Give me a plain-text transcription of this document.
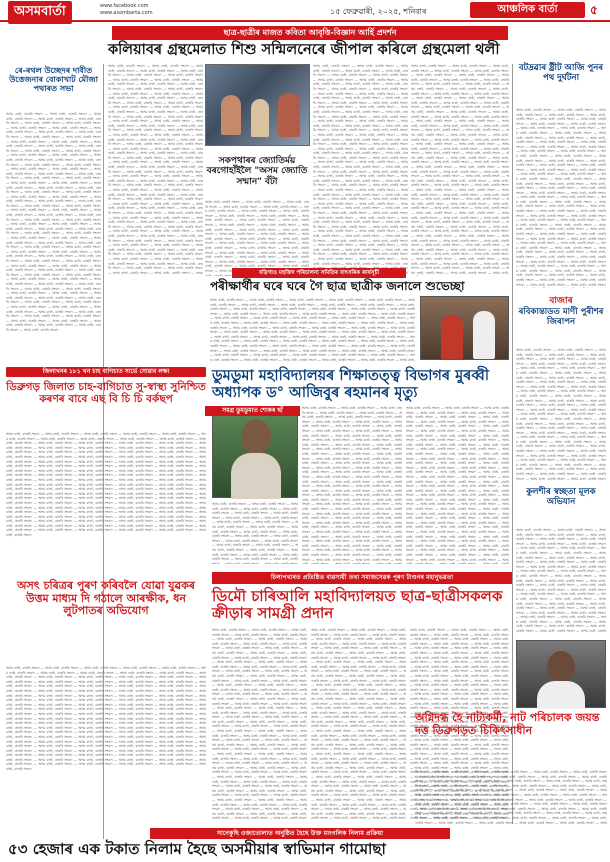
অসমবাৰ্তা	www.facebook.com
www.asombarta.com	১৫ ফেব্ৰুৱাৰী, ২০২৫, শনিবাৰ	আঞ্চলিক বাৰ্তা	৫
ৰে-ৰথল উচ্ছেদৰ দাবীত উত্তেজনাৰ বোকাখাট মৌজা পথাৰত সভা
অসম বাৰ্তা, বাতৰি সংবাদ — অসম বাৰ্তা, বাতৰি সংবাদ — অসম বাৰ্তা, বাতৰি সংবাদ — অসম বাৰ্তা, বাতৰি সংবাদ — অসম বাৰ্তা, বাতৰি সংবাদ — অসম বাৰ্তা, বাতৰি সংবাদ — অসম বাৰ্তা, বাতৰি সংবাদ — অসম বাৰ্তা, বাতৰি সংবাদ — অসম বাৰ্তা, বাতৰি সংবাদ — অসম বাৰ্তা, বাতৰি সংবাদ — অসম বাৰ্তা, বাতৰি সংবাদ — অসম বাৰ্তা, বাতৰি সংবাদ — অসম বাৰ্তা, বাতৰি সংবাদ — অসম বাৰ্তা, বাতৰি সংবাদ — অসম বাৰ্তা, বাতৰি সংবাদ — অসম বাৰ্তা, বাতৰি সংবাদ — অসম বাৰ্তা, বাতৰি সংবাদ — অসম বাৰ্তা, বাতৰি সংবাদ — অসম বাৰ্তা, বাতৰি সংবাদ — অসম বাৰ্তা, বাতৰি সংবাদ — অসম বাৰ্তা, বাতৰি সংবাদ — অসম বাৰ্তা, বাতৰি সংবাদ — অসম বাৰ্তা, বাতৰি সংবাদ — অসম বাৰ্তা, বাতৰি সংবাদ — অসম বাৰ্তা, বাতৰি সংবাদ — অসম বাৰ্তা, বাতৰি সংবাদ — অসম বাৰ্তা, বাতৰি সংবাদ — অসম বাৰ্তা, বাতৰি সংবাদ — অসম বাৰ্তা, বাতৰি সংবাদ — অসম বাৰ্তা, বাতৰি সংবাদ — অসম বাৰ্তা, বাতৰি সংবাদ — অসম বাৰ্তা, বাতৰি সংবাদ — অসম বাৰ্তা, বাতৰি সংবাদ — অসম বাৰ্তা, বাতৰি সংবাদ — অসম বাৰ্তা, বাতৰি সংবাদ — অসম বাৰ্তা, বাতৰি সংবাদ — অসম বাৰ্তা, বাতৰি সংবাদ — অসম বাৰ্তা, বাতৰি সংবাদ — অসম বাৰ্তা, বাতৰি সংবাদ — অসম বাৰ্তা, বাতৰি সংবাদ — অসম বাৰ্তা, বাতৰি সংবাদ — অসম বাৰ্তা, বাতৰি সংবাদ — অসম বাৰ্তা, বাতৰি সংবাদ — অসম বাৰ্তা, বাতৰি সংবাদ — অসম বাৰ্তা, বাতৰি সংবাদ — অসম বাৰ্তা, বাতৰি সংবাদ — অসম বাৰ্তা, বাতৰি সংবাদ — অসম বাৰ্তা, বাতৰি সংবাদ — অসম বাৰ্তা, বাতৰি সংবাদ — অসম বাৰ্তা, বাতৰি সংবাদ — অসম বাৰ্তা, বাতৰি সংবাদ — অসম বাৰ্তা, বাতৰি সংবাদ — অসম বাৰ্তা, বাতৰি সংবাদ — অসম বাৰ্তা, বাতৰি সংবাদ — অসম বাৰ্তা, বাতৰি সংবাদ — অসম বাৰ্তা, বাতৰি সংবাদ — অসম বাৰ্তা, বাতৰি সংবাদ — অসম বাৰ্তা, বাতৰি সংবাদ — অসম বাৰ্তা, বাতৰি সংবাদ — অসম বাৰ্তা, বাতৰি সংবাদ — অসম বাৰ্তা, বাতৰি সংবাদ — অসম বাৰ্তা, বাতৰি সংবাদ — অসম বাৰ্তা, বাতৰি সংবাদ — অসম বাৰ্তা, বাতৰি সংবাদ — অসম বাৰ্তা, বাতৰি সংবাদ — অসম বাৰ্তা, বাতৰি সংবাদ — অসম বাৰ্তা, বাতৰি সংবাদ — অসম বাৰ্তা, বাতৰি সংবাদ — অসম বাৰ্তা, বাতৰি সংবাদ — অসম বাৰ্তা, বাতৰি সংবাদ — অসম বাৰ্তা, বাতৰি সংবাদ — অসম বাৰ্তা, বাতৰি সংবাদ — অসম বাৰ্তা, বাতৰি সংবাদ — অসম বাৰ্তা, বাতৰি সংবাদ — অসম বাৰ্তা, বাতৰি সংবাদ — অসম বাৰ্তা, বাতৰি সংবাদ — অসম বাৰ্তা, বাতৰি সংবাদ — অসম বাৰ্তা, বাতৰি সংবাদ — অসম বাৰ্তা, বাতৰি সংবাদ — অসম বাৰ্তা, বাতৰি সংবাদ — অসম বাৰ্তা, বাতৰি সংবাদ — অসম বাৰ্তা, বাতৰি সংবাদ — অসম বাৰ্তা, বাতৰি সংবাদ — অসম বাৰ্তা, বাতৰি সংবাদ — অসম বাৰ্তা, বাতৰি সংবাদ — অসম বাৰ্তা, বাতৰি সংবাদ — অসম বাৰ্তা, বাতৰি সংবাদ — অসম বাৰ্তা, বাতৰি সংবাদ — অসম বাৰ্তা, বাতৰি সংবাদ — অসম বাৰ্তা, বাতৰি সংবাদ — অসম বাৰ্তা, বাতৰি সংবাদ — অসম বাৰ্তা, বাতৰি সংবাদ — অসম বাৰ্তা, বাতৰি সংবাদ — অসম বাৰ্তা, বাতৰি সংবাদ — অসম বাৰ্তা, বাতৰি সংবাদ — অসম বাৰ্তা, বাতৰি সংবাদ — অসম বাৰ্তা, বাতৰি সংবাদ — অসম বাৰ্তা, বাতৰি সংবাদ — অসম বাৰ্তা, বাতৰি সংবাদ — অসম বাৰ্তা, বাতৰি সংবাদ — অসম বাৰ্তা, বাতৰি সংবাদ — অসম বাৰ্তা, বাতৰি সংবাদ — অসম বাৰ্তা, বাতৰি সংবাদ — অসম বাৰ্তা, বাতৰি সংবাদ — অসম বাৰ্তা, বাতৰি সংবাদ — অসম বাৰ্তা, বাতৰি সংবাদ — অসম বাৰ্তা, বাতৰি সংবাদ — অসম বাৰ্তা, বাতৰি সংবাদ — অসম বাৰ্তা, বাতৰি সংবাদ — অসম বাৰ্তা, বাতৰি সংবাদ — অসম বাৰ্তা, বাতৰি সংবাদ
জিলাখনৰ ১৮১ খন চাহ বাগিচাত সাৰ্ভে সোৱাব লক্ষ্য
ডিব্ৰুগড় জিলাত চাহ-বাগিচাত সু-স্বাস্থ্য সুনিশ্চিত কৰণৰ বাবে এছ বি চি চি বৰ্কছপ
অসম বাৰ্তা, বাতৰি সংবাদ — অসম বাৰ্তা, বাতৰি সংবাদ — অসম বাৰ্তা, বাতৰি সংবাদ — অসম বাৰ্তা, বাতৰি সংবাদ — অসম বাৰ্তা, বাতৰি সংবাদ — অসম বাৰ্তা, বাতৰি সংবাদ — অসম বাৰ্তা, বাতৰি সংবাদ — অসম বাৰ্তা, বাতৰি সংবাদ — অসম বাৰ্তা, বাতৰি সংবাদ — অসম বাৰ্তা, বাতৰি সংবাদ — অসম বাৰ্তা, বাতৰি সংবাদ — অসম বাৰ্তা, বাতৰি সংবাদ — অসম বাৰ্তা, বাতৰি সংবাদ — অসম বাৰ্তা, বাতৰি সংবাদ — অসম বাৰ্তা, বাতৰি সংবাদ — অসম বাৰ্তা, বাতৰি সংবাদ — অসম বাৰ্তা, বাতৰি সংবাদ — অসম বাৰ্তা, বাতৰি সংবাদ — অসম বাৰ্তা, বাতৰি সংবাদ — অসম বাৰ্তা, বাতৰি সংবাদ — অসম বাৰ্তা, বাতৰি সংবাদ — অসম বাৰ্তা, বাতৰি সংবাদ — অসম বাৰ্তা, বাতৰি সংবাদ — অসম বাৰ্তা, বাতৰি সংবাদ — অসম বাৰ্তা, বাতৰি সংবাদ — অসম বাৰ্তা, বাতৰি সংবাদ — অসম বাৰ্তা, বাতৰি সংবাদ — অসম বাৰ্তা, বাতৰি সংবাদ — অসম বাৰ্তা, বাতৰি সংবাদ — অসম বাৰ্তা, বাতৰি সংবাদ — অসম বাৰ্তা, বাতৰি সংবাদ — অসম বাৰ্তা, বাতৰি সংবাদ — অসম বাৰ্তা, বাতৰি সংবাদ — অসম বাৰ্তা, বাতৰি সংবাদ — অসম বাৰ্তা, বাতৰি সংবাদ — অসম বাৰ্তা, বাতৰি সংবাদ — অসম বাৰ্তা, বাতৰি সংবাদ — অসম বাৰ্তা, বাতৰি সংবাদ — অসম বাৰ্তা, বাতৰি সংবাদ — অসম বাৰ্তা, বাতৰি সংবাদ — অসম বাৰ্তা, বাতৰি সংবাদ — অসম বাৰ্তা, বাতৰি সংবাদ — অসম বাৰ্তা, বাতৰি সংবাদ — অসম বাৰ্তা, বাতৰি সংবাদ — অসম বাৰ্তা, বাতৰি সংবাদ — অসম বাৰ্তা, বাতৰি সংবাদ — অসম বাৰ্তা, বাতৰি সংবাদ — অসম বাৰ্তা, বাতৰি সংবাদ — অসম বাৰ্তা, বাতৰি সংবাদ — অসম বাৰ্তা, বাতৰি সংবাদ — অসম বাৰ্তা, বাতৰি সংবাদ — অসম বাৰ্তা, বাতৰি সংবাদ — অসম বাৰ্তা, বাতৰি সংবাদ — অসম বাৰ্তা, বাতৰি সংবাদ — অসম বাৰ্তা, বাতৰি সংবাদ — অসম বাৰ্তা, বাতৰি সংবাদ — অসম বাৰ্তা, বাতৰি সংবাদ — অসম বাৰ্তা, বাতৰি সংবাদ — অসম বাৰ্তা, বাতৰি সংবাদ — অসম বাৰ্তা, বাতৰি সংবাদ — অসম বাৰ্তা, বাতৰি সংবাদ — অসম বাৰ্তা, বাতৰি সংবাদ — অসম বাৰ্তা, বাতৰি সংবাদ — অসম বাৰ্তা, বাতৰি সংবাদ — অসম বাৰ্তা, বাতৰি সংবাদ — অসম বাৰ্তা, বাতৰি সংবাদ — অসম বাৰ্তা, বাতৰি সংবাদ — অসম বাৰ্তা, বাতৰি সংবাদ — অসম বাৰ্তা, বাতৰি সংবাদ — অসম বাৰ্তা, বাতৰি সংবাদ — অসম বাৰ্তা, বাতৰি সংবাদ — অসম বাৰ্তা, বাতৰি সংবাদ — অসম বাৰ্তা, বাতৰি সংবাদ — অসম বাৰ্তা, বাতৰি সংবাদ — অসম বাৰ্তা, বাতৰি সংবাদ — অসম বাৰ্তা, বাতৰি সংবাদ — অসম বাৰ্তা, বাতৰি সংবাদ — অসম বাৰ্তা, বাতৰি সংবাদ — অসম বাৰ্তা, বাতৰি সংবাদ — অসম বাৰ্তা, বাতৰি সংবাদ — অসম বাৰ্তা, বাতৰি সংবাদ — অসম বাৰ্তা, বাতৰি সংবাদ — অসম বাৰ্তা, বাতৰি সংবাদ — অসম বাৰ্তা, বাতৰি সংবাদ — অসম বাৰ্তা, বাতৰি সংবাদ — অসম বাৰ্তা, বাতৰি সংবাদ — অসম বাৰ্তা, বাতৰি সংবাদ — অসম বাৰ্তা, বাতৰি সংবাদ — অসম বাৰ্তা, বাতৰি সংবাদ — অসম বাৰ্তা, বাতৰি সংবাদ — অসম বাৰ্তা, বাতৰি সংবাদ — অসম বাৰ্তা, বাতৰি সংবাদ — অসম বাৰ্তা, বাতৰি সংবাদ — অসম বাৰ্তা, বাতৰি সংবাদ — অসম বাৰ্তা, বাতৰি সংবাদ — অসম বাৰ্তা, বাতৰি সংবাদ — অসম বাৰ্তা, বাতৰি সংবাদ — অসম বাৰ্তা, বাতৰি সংবাদ — অসম বাৰ্তা, বাতৰি সংবাদ — অসম বাৰ্তা, বাতৰি সংবাদ — অসম বাৰ্তা, বাতৰি সংবাদ — অসম বাৰ্তা, বাতৰি সংবাদ — অসম বাৰ্তা, বাতৰি সংবাদ — অসম বাৰ্তা, বাতৰি সংবাদ — অসম বাৰ্তা, বাতৰি সংবাদ — অসম বাৰ্তা, বাতৰি সংবাদ — অসম বাৰ্তা, বাতৰি সংবাদ — অসম বাৰ্তা, বাতৰি সংবাদ — অসম বাৰ্তা, বাতৰি সংবাদ — অসম বাৰ্তা, বাতৰি সংবাদ — অসম বাৰ্তা, বাতৰি সংবাদ
অসৎ চৰিত্ৰৰ পুৰণ কৰিবলৈ যোৱা যুৱকৰ উত্তম মাধ্যম দি গঠালে আৰক্ষীক, ধন লুটপাতৰ অভিযোগ
অসম বাৰ্তা, বাতৰি সংবাদ — অসম বাৰ্তা, বাতৰি সংবাদ — অসম বাৰ্তা, বাতৰি সংবাদ — অসম বাৰ্তা, বাতৰি সংবাদ — অসম বাৰ্তা, বাতৰি সংবাদ — অসম বাৰ্তা, বাতৰি সংবাদ — অসম বাৰ্তা, বাতৰি সংবাদ — অসম বাৰ্তা, বাতৰি সংবাদ — অসম বাৰ্তা, বাতৰি সংবাদ — অসম বাৰ্তা, বাতৰি সংবাদ — অসম বাৰ্তা, বাতৰি সংবাদ — অসম বাৰ্তা, বাতৰি সংবাদ — অসম বাৰ্তা, বাতৰি সংবাদ — অসম বাৰ্তা, বাতৰি সংবাদ — অসম বাৰ্তা, বাতৰি সংবাদ — অসম বাৰ্তা, বাতৰি সংবাদ — অসম বাৰ্তা, বাতৰি সংবাদ — অসম বাৰ্তা, বাতৰি সংবাদ — অসম বাৰ্তা, বাতৰি সংবাদ — অসম বাৰ্তা, বাতৰি সংবাদ — অসম বাৰ্তা, বাতৰি সংবাদ — অসম বাৰ্তা, বাতৰি সংবাদ — অসম বাৰ্তা, বাতৰি সংবাদ — অসম বাৰ্তা, বাতৰি সংবাদ — অসম বাৰ্তা, বাতৰি সংবাদ — অসম বাৰ্তা, বাতৰি সংবাদ — অসম বাৰ্তা, বাতৰি সংবাদ — অসম বাৰ্তা, বাতৰি সংবাদ — অসম বাৰ্তা, বাতৰি সংবাদ — অসম বাৰ্তা, বাতৰি সংবাদ — অসম বাৰ্তা, বাতৰি সংবাদ — অসম বাৰ্তা, বাতৰি সংবাদ — অসম বাৰ্তা, বাতৰি সংবাদ — অসম বাৰ্তা, বাতৰি সংবাদ — অসম বাৰ্তা, বাতৰি সংবাদ — অসম বাৰ্তা, বাতৰি সংবাদ — অসম বাৰ্তা, বাতৰি সংবাদ — অসম বাৰ্তা, বাতৰি সংবাদ — অসম বাৰ্তা, বাতৰি সংবাদ — অসম বাৰ্তা, বাতৰি সংবাদ — অসম বাৰ্তা, বাতৰি সংবাদ — অসম বাৰ্তা, বাতৰি সংবাদ — অসম বাৰ্তা, বাতৰি সংবাদ — অসম বাৰ্তা, বাতৰি সংবাদ — অসম বাৰ্তা, বাতৰি সংবাদ — অসম বাৰ্তা, বাতৰি সংবাদ — অসম বাৰ্তা, বাতৰি সংবাদ — অসম বাৰ্তা, বাতৰি সংবাদ — অসম বাৰ্তা, বাতৰি সংবাদ — অসম বাৰ্তা, বাতৰি সংবাদ — অসম বাৰ্তা, বাতৰি সংবাদ — অসম বাৰ্তা, বাতৰি সংবাদ — অসম বাৰ্তা, বাতৰি সংবাদ — অসম বাৰ্তা, বাতৰি সংবাদ — অসম বাৰ্তা, বাতৰি সংবাদ — অসম বাৰ্তা, বাতৰি সংবাদ — অসম বাৰ্তা, বাতৰি সংবাদ — অসম বাৰ্তা, বাতৰি সংবাদ — অসম বাৰ্তা, বাতৰি সংবাদ — অসম বাৰ্তা, বাতৰি সংবাদ — অসম বাৰ্তা, বাতৰি সংবাদ — অসম বাৰ্তা, বাতৰি সংবাদ — অসম বাৰ্তা, বাতৰি সংবাদ — অসম বাৰ্তা, বাতৰি সংবাদ — অসম বাৰ্তা, বাতৰি সংবাদ — অসম বাৰ্তা, বাতৰি সংবাদ — অসম বাৰ্তা, বাতৰি সংবাদ — অসম বাৰ্তা, বাতৰি সংবাদ — অসম বাৰ্তা, বাতৰি সংবাদ — অসম বাৰ্তা, বাতৰি সংবাদ — অসম বাৰ্তা, বাতৰি সংবাদ — অসম বাৰ্তা, বাতৰি সংবাদ — অসম বাৰ্তা, বাতৰি সংবাদ — অসম বাৰ্তা, বাতৰি সংবাদ — অসম বাৰ্তা, বাতৰি সংবাদ — অসম বাৰ্তা, বাতৰি সংবাদ — অসম বাৰ্তা, বাতৰি সংবাদ — অসম বাৰ্তা, বাতৰি সংবাদ — অসম বাৰ্তা, বাতৰি সংবাদ — অসম বাৰ্তা, বাতৰি সংবাদ — অসম বাৰ্তা, বাতৰি সংবাদ — অসম বাৰ্তা, বাতৰি সংবাদ — অসম বাৰ্তা, বাতৰি সংবাদ — অসম বাৰ্তা, বাতৰি সংবাদ — অসম বাৰ্তা, বাতৰি সংবাদ — অসম বাৰ্তা, বাতৰি সংবাদ — অসম বাৰ্তা, বাতৰি সংবাদ — অসম বাৰ্তা, বাতৰি সংবাদ — অসম বাৰ্তা, বাতৰি সংবাদ — অসম বাৰ্তা, বাতৰি সংবাদ — অসম বাৰ্তা, বাতৰি সংবাদ — অসম বাৰ্তা, বাতৰি সংবাদ — অসম বাৰ্তা, বাতৰি সংবাদ — অসম বাৰ্তা, বাতৰি সংবাদ — অসম বাৰ্তা, বাতৰি সংবাদ — অসম বাৰ্তা, বাতৰি সংবাদ — অসম বাৰ্তা, বাতৰি সংবাদ — অসম বাৰ্তা, বাতৰি সংবাদ — অসম বাৰ্তা, বাতৰি সংবাদ — অসম বাৰ্তা, বাতৰি সংবাদ — অসম বাৰ্তা, বাতৰি সংবাদ — অসম বাৰ্তা, বাতৰি সংবাদ — অসম বাৰ্তা, বাতৰি সংবাদ — অসম বাৰ্তা, বাতৰি সংবাদ — অসম বাৰ্তা, বাতৰি সংবাদ — অসম বাৰ্তা, বাতৰি সংবাদ — অসম বাৰ্তা, বাতৰি সংবাদ — অসম বাৰ্তা, বাতৰি সংবাদ — অসম বাৰ্তা, বাতৰি সংবাদ — অসম বাৰ্তা, বাতৰি সংবাদ — অসম বাৰ্তা, বাতৰি সংবাদ
ছাত্ৰ-ছাত্ৰীৰ মাজত কবিতা আবৃত্তি-বিজ্ঞান আৰ্হি প্ৰদৰ্শন
কলিয়াবৰ গ্ৰন্থমেলাত শিশু সন্মিলনেৰে জীপাল কৰিলে গ্ৰন্থমেলা থলী
অসম বাৰ্তা, বাতৰি সংবাদ — অসম বাৰ্তা, বাতৰি সংবাদ — অসম বাৰ্তা, বাতৰি সংবাদ — অসম বাৰ্তা, বাতৰি সংবাদ — অসম বাৰ্তা, বাতৰি সংবাদ — অসম বাৰ্তা, বাতৰি সংবাদ — অসম বাৰ্তা, বাতৰি সংবাদ — অসম বাৰ্তা, বাতৰি সংবাদ — অসম বাৰ্তা, বাতৰি সংবাদ — অসম বাৰ্তা, বাতৰি সংবাদ — অসম বাৰ্তা, বাতৰি সংবাদ — অসম বাৰ্তা, বাতৰি সংবাদ — অসম বাৰ্তা, বাতৰি সংবাদ — অসম বাৰ্তা, বাতৰি সংবাদ — অসম বাৰ্তা, বাতৰি সংবাদ — অসম বাৰ্তা, বাতৰি সংবাদ — অসম বাৰ্তা, বাতৰি সংবাদ — অসম বাৰ্তা, বাতৰি সংবাদ — অসম বাৰ্তা, বাতৰি সংবাদ — অসম বাৰ্তা, বাতৰি সংবাদ — অসম বাৰ্তা, বাতৰি সংবাদ — অসম বাৰ্তা, বাতৰি সংবাদ — অসম বাৰ্তা, বাতৰি সংবাদ — অসম বাৰ্তা, বাতৰি সংবাদ — অসম বাৰ্তা, বাতৰি সংবাদ — অসম বাৰ্তা, বাতৰি সংবাদ — অসম বাৰ্তা, বাতৰি সংবাদ — অসম বাৰ্তা, বাতৰি সংবাদ — অসম বাৰ্তা, বাতৰি সংবাদ — অসম বাৰ্তা, বাতৰি সংবাদ — অসম বাৰ্তা, বাতৰি সংবাদ — অসম বাৰ্তা, বাতৰি সংবাদ — অসম বাৰ্তা, বাতৰি সংবাদ — অসম বাৰ্তা, বাতৰি সংবাদ — অসম বাৰ্তা, বাতৰি সংবাদ — অসম বাৰ্তা, বাতৰি সংবাদ — অসম বাৰ্তা, বাতৰি সংবাদ — অসম বাৰ্তা, বাতৰি সংবাদ — অসম বাৰ্তা, বাতৰি সংবাদ — অসম বাৰ্তা, বাতৰি সংবাদ — অসম বাৰ্তা, বাতৰি সংবাদ — অসম বাৰ্তা, বাতৰি সংবাদ — অসম বাৰ্তা, বাতৰি সংবাদ — অসম বাৰ্তা, বাতৰি সংবাদ — অসম বাৰ্তা, বাতৰি সংবাদ — অসম বাৰ্তা, বাতৰি সংবাদ — অসম বাৰ্তা, বাতৰি সংবাদ — অসম বাৰ্তা, বাতৰি সংবাদ — অসম বাৰ্তা, বাতৰি সংবাদ — অসম বাৰ্তা, বাতৰি সংবাদ — অসম বাৰ্তা, বাতৰি সংবাদ — অসম বাৰ্তা, বাতৰি সংবাদ — অসম বাৰ্তা, বাতৰি সংবাদ — অসম বাৰ্তা, বাতৰি সংবাদ — অসম বাৰ্তা, বাতৰি সংবাদ — অসম বাৰ্তা, বাতৰি সংবাদ — অসম বাৰ্তা, বাতৰি সংবাদ — অসম বাৰ্তা, বাতৰি সংবাদ — অসম বাৰ্তা, বাতৰি সংবাদ — অসম বাৰ্তা, বাতৰি সংবাদ — অসম বাৰ্তা, বাতৰি সংবাদ — অসম বাৰ্তা, বাতৰি সংবাদ — অসম বাৰ্তা, বাতৰি সংবাদ — অসম বাৰ্তা, বাতৰি সংবাদ — অসম বাৰ্তা, বাতৰি সংবাদ — অসম বাৰ্তা, বাতৰি সংবাদ — অসম বাৰ্তা, বাতৰি সংবাদ — অসম বাৰ্তা, বাতৰি সংবাদ — অসম বাৰ্তা, বাতৰি সংবাদ — অসম বাৰ্তা, বাতৰি সংবাদ — অসম বাৰ্তা, বাতৰি সংবাদ — অসম বাৰ্তা, বাতৰি সংবাদ — অসম বাৰ্তা, বাতৰি সংবাদ — অসম বাৰ্তা, বাতৰি সংবাদ — অসম বাৰ্তা, বাতৰি সংবাদ — অসম বাৰ্তা, বাতৰি সংবাদ — অসম বাৰ্তা, বাতৰি সংবাদ — অসম বাৰ্তা, বাতৰি সংবাদ — অসম বাৰ্তা, বাতৰি সংবাদ — অসম বাৰ্তা, বাতৰি সংবাদ — অসম বাৰ্তা, বাতৰি সংবাদ — অসম বাৰ্তা, বাতৰি সংবাদ — অসম বাৰ্তা, বাতৰি সংবাদ — অসম বাৰ্তা, বাতৰি সংবাদ — অসম বাৰ্তা, বাতৰি সংবাদ — অসম বাৰ্তা, বাতৰি সংবাদ — অসম বাৰ্তা, বাতৰি সংবাদ — অসম বাৰ্তা, বাতৰি সংবাদ — অসম বাৰ্তা, বাতৰি সংবাদ — অসম বাৰ্তা, বাতৰি সংবাদ — অসম বাৰ্তা, বাতৰি সংবাদ — অসম বাৰ্তা, বাতৰি সংবাদ — অসম বাৰ্তা, বাতৰি সংবাদ — অসম বাৰ্তা, বাতৰি সংবাদ — অসম বাৰ্তা, বাতৰি সংবাদ — অসম বাৰ্তা, বাতৰি সংবাদ — অসম বাৰ্তা, বাতৰি সংবাদ — অসম বাৰ্তা, বাতৰি সংবাদ — অসম বাৰ্তা, বাতৰি সংবাদ — অসম বাৰ্তা, বাতৰি সংবাদ — অসম বাৰ্তা, বাতৰি সংবাদ — অসম বাৰ্তা, বাতৰি সংবাদ — অসম বাৰ্তা, বাতৰি সংবাদ — অসম বাৰ্তা, বাতৰি সংবাদ — অসম বাৰ্তা, বাতৰি সংবাদ — অসম বাৰ্তা, বাতৰি সংবাদ — অসম বাৰ্তা, বাতৰি সংবাদ — অসম বাৰ্তা, বাতৰি সংবাদ — অসম বাৰ্তা, বাতৰি সংবাদ — অসম বাৰ্তা, বাতৰি সংবাদ — অসম বাৰ্তা, বাতৰি সংবাদ
সকপথাৰৰ জ্যোতিৰ্ময় বৰগোহাঁইলৈ "অসম জ্যোতি সন্মান" বঁটা
অসম বাৰ্তা, বাতৰি সংবাদ — অসম বাৰ্তা, বাতৰি সংবাদ — অসম বাৰ্তা, বাতৰি সংবাদ — অসম বাৰ্তা, বাতৰি সংবাদ — অসম বাৰ্তা, বাতৰি সংবাদ — অসম বাৰ্তা, বাতৰি সংবাদ — অসম বাৰ্তা, বাতৰি সংবাদ — অসম বাৰ্তা, বাতৰি সংবাদ — অসম বাৰ্তা, বাতৰি সংবাদ — অসম বাৰ্তা, বাতৰি সংবাদ — অসম বাৰ্তা, বাতৰি সংবাদ — অসম বাৰ্তা, বাতৰি সংবাদ — অসম বাৰ্তা, বাতৰি সংবাদ — অসম বাৰ্তা, বাতৰি সংবাদ — অসম বাৰ্তা, বাতৰি সংবাদ — অসম বাৰ্তা, বাতৰি সংবাদ — অসম বাৰ্তা, বাতৰি সংবাদ — অসম বাৰ্তা, বাতৰি সংবাদ — অসম বাৰ্তা, বাতৰি সংবাদ — অসম বাৰ্তা, বাতৰি সংবাদ — অসম বাৰ্তা, বাতৰি সংবাদ — অসম বাৰ্তা, বাতৰি সংবাদ — অসম বাৰ্তা, বাতৰি সংবাদ — অসম বাৰ্তা, বাতৰি সংবাদ — অসম বাৰ্তা, বাতৰি সংবাদ — অসম বাৰ্তা, বাতৰি সংবাদ — অসম বাৰ্তা, বাতৰি সংবাদ — অসম বাৰ্তা, বাতৰি সংবাদ — অসম বাৰ্তা, বাতৰি সংবাদ — অসম বাৰ্তা, বাতৰি সংবাদ — অসম বাৰ্তা, বাতৰি সংবাদ — অসম বাৰ্তা, বাতৰি সংবাদ — অসম বাৰ্তা, বাতৰি সংবাদ — অসম বাৰ্তা, বাতৰি সংবাদ — অসম বাৰ্তা, বাতৰি সংবাদ — অসম বাৰ্তা, বাতৰি সংবাদ — অসম বাৰ্তা, বাতৰি সংবাদ — অসম বাৰ্তা, বাতৰি সংবাদ — অসম বাৰ্তা, বাতৰি সংবাদ — অসম বাৰ্তা, বাতৰি সংবাদ — অসম বাৰ্তা, বাতৰি সংবাদ — অসম বাৰ্তা, বাতৰি সংবাদ — অসম বাৰ্তা, বাতৰি সংবাদ — অসম বাৰ্তা, বাতৰি সংবাদ — অসম বাৰ্তা, বাতৰি সংবাদ — অসম বাৰ্তা, বাতৰি সংবাদ — অসম বাৰ্তা, বাতৰি সংবাদ — অসম বাৰ্তা, বাতৰি সংবাদ — অসম বাৰ্তা, বাতৰি সংবাদ — অসম বাৰ্তা, বাতৰি সংবাদ — অসম বাৰ্তা, বাতৰি সংবাদ — অসম বাৰ্তা, বাতৰি সংবাদ — অসম বাৰ্তা, বাতৰি সংবাদ — অসম বাৰ্তা, বাতৰি সংবাদ — অসম বাৰ্তা, বাতৰি সংবাদ — অসম বাৰ্তা, বাতৰি সংবাদ — অসম বাৰ্তা, বাতৰি সংবাদ — অসম বাৰ্তা, বাতৰি সংবাদ — অসম বাৰ্তা, বাতৰি সংবাদ — অসম বাৰ্তা, বাতৰি সংবাদ — অসম বাৰ্তা, বাতৰি সংবাদ — অসম বাৰ্তা, বাতৰি সংবাদ — অসম বাৰ্তা, বাতৰি সংবাদ — অসম বাৰ্তা, বাতৰি সংবাদ — অসম বাৰ্তা, বাতৰি সংবাদ — অসম বাৰ্তা, বাতৰি সংবাদ — অসম বাৰ্তা, বাতৰি সংবাদ — অসম বাৰ্তা, বাতৰি সংবাদ — অসম বাৰ্তা, বাতৰি সংবাদ — অসম বাৰ্তা, বাতৰি সংবাদ — অসম বাৰ্তা, বাতৰি সংবাদ — অসম বাৰ্তা, বাতৰি সংবাদ — অসম বাৰ্তা, বাতৰি সংবাদ — অসম বাৰ্তা, বাতৰি সংবাদ — অসম বাৰ্তা, বাতৰি সংবাদ — অসম বাৰ্তা, বাতৰি সংবাদ — অসম বাৰ্তা, বাতৰি সংবাদ — অসম বাৰ্তা, বাতৰি সংবাদ — অসম বাৰ্তা, বাতৰি সংবাদ — অসম বাৰ্তা, বাতৰি সংবাদ — অসম বাৰ্তা, বাতৰি সংবাদ — অসম বাৰ্তা, বাতৰি সংবাদ — অসম বাৰ্তা, বাতৰি সংবাদ — অসম বাৰ্তা, বাতৰি সংবাদ — অসম বাৰ্তা, বাতৰি সংবাদ — অসম বাৰ্তা, বাতৰি সংবাদ — অসম বাৰ্তা, বাতৰি সংবাদ — অসম বাৰ্তা, বাতৰি সংবাদ — অসম বাৰ্তা, বাতৰি সংবাদ — অসম বাৰ্তা, বাতৰি সংবাদ — অসম বাৰ্তা, বাতৰি সংবাদ — অসম বাৰ্তা, বাতৰি সংবাদ — অসম বাৰ্তা, বাতৰি সংবাদ — অসম বাৰ্তা, বাতৰি সংবাদ — অসম বাৰ্তা, বাতৰি সংবাদ — অসম বাৰ্তা, বাতৰি সংবাদ — অসম বাৰ্তা, বাতৰি সংবাদ — অসম বাৰ্তা, বাতৰি সংবাদ — অসম বাৰ্তা, বাতৰি সংবাদ — অসম বাৰ্তা, বাতৰি সংবাদ — অসম বাৰ্তা, বাতৰি সংবাদ — অসম বাৰ্তা, বাতৰি সংবাদ — অসম বাৰ্তা, বাতৰি সংবাদ — অসম বাৰ্তা, বাতৰি সংবাদ — অসম বাৰ্তা, বাতৰি সংবাদ — অসম বাৰ্তা, বাতৰি সংবাদ — অসম বাৰ্তা, বাতৰি সংবাদ — অসম বাৰ্তা, বাতৰি সংবাদ — অসম বাৰ্তা, বাতৰি সংবাদ — অসম বাৰ্তা, বাতৰি সংবাদ — অসম বাৰ্তা, বাতৰি সংবাদ
অসম বাৰ্তা, বাতৰি সংবাদ — অসম বাৰ্তা, বাতৰি সংবাদ — অসম বাৰ্তা, বাতৰি সংবাদ — অসম বাৰ্তা, বাতৰি সংবাদ — অসম বাৰ্তা, বাতৰি সংবাদ — অসম বাৰ্তা, বাতৰি সংবাদ — অসম বাৰ্তা, বাতৰি সংবাদ — অসম বাৰ্তা, বাতৰি সংবাদ — অসম বাৰ্তা, বাতৰি সংবাদ — অসম বাৰ্তা, বাতৰি সংবাদ — অসম বাৰ্তা, বাতৰি সংবাদ — অসম বাৰ্তা, বাতৰি সংবাদ — অসম বাৰ্তা, বাতৰি সংবাদ — অসম বাৰ্তা, বাতৰি সংবাদ — অসম বাৰ্তা, বাতৰি সংবাদ — অসম বাৰ্তা, বাতৰি সংবাদ — অসম বাৰ্তা, বাতৰি সংবাদ — অসম বাৰ্তা, বাতৰি সংবাদ — অসম বাৰ্তা, বাতৰি সংবাদ — অসম বাৰ্তা, বাতৰি সংবাদ — অসম বাৰ্তা, বাতৰি সংবাদ — অসম বাৰ্তা, বাতৰি সংবাদ — অসম বাৰ্তা, বাতৰি সংবাদ — অসম বাৰ্তা, বাতৰি সংবাদ — অসম বাৰ্তা, বাতৰি সংবাদ — অসম বাৰ্তা, বাতৰি সংবাদ — অসম বাৰ্তা, বাতৰি সংবাদ — অসম বাৰ্তা, বাতৰি সংবাদ — অসম বাৰ্তা, বাতৰি সংবাদ — অসম বাৰ্তা, বাতৰি সংবাদ — অসম বাৰ্তা, বাতৰি সংবাদ — অসম বাৰ্তা, বাতৰি সংবাদ — অসম বাৰ্তা, বাতৰি সংবাদ — অসম বাৰ্তা, বাতৰি সংবাদ — অসম বাৰ্তা, বাতৰি সংবাদ — অসম বাৰ্তা, বাতৰি সংবাদ — অসম বাৰ্তা, বাতৰি সংবাদ — অসম বাৰ্তা, বাতৰি সংবাদ — অসম বাৰ্তা, বাতৰি সংবাদ — অসম বাৰ্তা, বাতৰি সংবাদ — অসম বাৰ্তা, বাতৰি সংবাদ — অসম বাৰ্তা, বাতৰি সংবাদ — অসম বাৰ্তা, বাতৰি সংবাদ — অসম বাৰ্তা, বাতৰি সংবাদ — অসম বাৰ্তা, বাতৰি সংবাদ — অসম বাৰ্তা, বাতৰি সংবাদ — অসম বাৰ্তা, বাতৰি সংবাদ — অসম বাৰ্তা, বাতৰি সংবাদ — অসম বাৰ্তা, বাতৰি সংবাদ — অসম বাৰ্তা, বাতৰি সংবাদ — অসম বাৰ্তা, বাতৰি সংবাদ — অসম বাৰ্তা, বাতৰি সংবাদ — অসম বাৰ্তা, বাতৰি সংবাদ — অসম বাৰ্তা, বাতৰি সংবাদ — অসম বাৰ্তা, বাতৰি সংবাদ — অসম বাৰ্তা, বাতৰি সংবাদ — অসম বাৰ্তা, বাতৰি সংবাদ — অসম বাৰ্তা, বাতৰি সংবাদ — অসম বাৰ্তা, বাতৰি সংবাদ — অসম বাৰ্তা, বাতৰি সংবাদ — অসম বাৰ্তা, বাতৰি সংবাদ — অসম বাৰ্তা, বাতৰি সংবাদ — অসম বাৰ্তা, বাতৰি সংবাদ — অসম বাৰ্তা, বাতৰি সংবাদ — অসম বাৰ্তা, বাতৰি সংবাদ — অসম বাৰ্তা, বাতৰি সংবাদ — অসম বাৰ্তা, বাতৰি সংবাদ — অসম বাৰ্তা, বাতৰি সংবাদ — অসম বাৰ্তা, বাতৰি সংবাদ — অসম বাৰ্তা, বাতৰি সংবাদ — অসম বাৰ্তা, বাতৰি সংবাদ — অসম বাৰ্তা, বাতৰি সংবাদ — অসম বাৰ্তা, বাতৰি সংবাদ — অসম বাৰ্তা, বাতৰি সংবাদ — অসম বাৰ্তা, বাতৰি সংবাদ — অসম বাৰ্তা, বাতৰি সংবাদ — অসম বাৰ্তা, বাতৰি সংবাদ — অসম বাৰ্তা, বাতৰি সংবাদ — অসম বাৰ্তা, বাতৰি সংবাদ — অসম বাৰ্তা, বাতৰি সংবাদ — অসম বাৰ্তা, বাতৰি সংবাদ — অসম বাৰ্তা, বাতৰি সংবাদ — অসম বাৰ্তা, বাতৰি সংবাদ — অসম বাৰ্তা, বাতৰি সংবাদ — অসম বাৰ্তা, বাতৰি সংবাদ — অসম বাৰ্তা, বাতৰি সংবাদ — অসম বাৰ্তা, বাতৰি সংবাদ — অসম বাৰ্তা, বাতৰি সংবাদ — অসম বাৰ্তা, বাতৰি সংবাদ — অসম বাৰ্তা, বাতৰি সংবাদ — অসম বাৰ্তা, বাতৰি সংবাদ — অসম বাৰ্তা, বাতৰি সংবাদ — অসম বাৰ্তা, বাতৰি সংবাদ — অসম বাৰ্তা, বাতৰি সংবাদ — অসম বাৰ্তা, বাতৰি সংবাদ — অসম বাৰ্তা, বাতৰি সংবাদ — অসম বাৰ্তা, বাতৰি সংবাদ — অসম বাৰ্তা, বাতৰি সংবাদ — অসম বাৰ্তা, বাতৰি সংবাদ — অসম বাৰ্তা, বাতৰি সংবাদ — অসম বাৰ্তা, বাতৰি সংবাদ — অসম বাৰ্তা, বাতৰি সংবাদ — অসম বাৰ্তা, বাতৰি সংবাদ — অসম বাৰ্তা, বাতৰি সংবাদ — অসম বাৰ্তা, বাতৰি সংবাদ — অসম বাৰ্তা, বাতৰি সংবাদ — অসম বাৰ্তা, বাতৰি সংবাদ — অসম বাৰ্তা, বাতৰি সংবাদ — অসম বাৰ্তা, বাতৰি সংবাদ — অসম বাৰ্তা, বাতৰি সংবাদ — অসম বাৰ্তা, বাতৰি সংবাদ
অসম বাৰ্তা, বাতৰি সংবাদ — অসম বাৰ্তা, বাতৰি সংবাদ — অসম বাৰ্তা, বাতৰি সংবাদ — অসম বাৰ্তা, বাতৰি সংবাদ — অসম বাৰ্তা, বাতৰি সংবাদ — অসম বাৰ্তা, বাতৰি সংবাদ — অসম বাৰ্তা, বাতৰি সংবাদ — অসম বাৰ্তা, বাতৰি সংবাদ — অসম বাৰ্তা, বাতৰি সংবাদ — অসম বাৰ্তা, বাতৰি সংবাদ — অসম বাৰ্তা, বাতৰি সংবাদ — অসম বাৰ্তা, বাতৰি সংবাদ — অসম বাৰ্তা, বাতৰি সংবাদ — অসম বাৰ্তা, বাতৰি সংবাদ — অসম বাৰ্তা, বাতৰি সংবাদ — অসম বাৰ্তা, বাতৰি সংবাদ — অসম বাৰ্তা, বাতৰি সংবাদ — অসম বাৰ্তা, বাতৰি সংবাদ — অসম বাৰ্তা, বাতৰি সংবাদ — অসম বাৰ্তা, বাতৰি সংবাদ — অসম বাৰ্তা, বাতৰি সংবাদ — অসম বাৰ্তা, বাতৰি সংবাদ — অসম বাৰ্তা, বাতৰি সংবাদ — অসম বাৰ্তা, বাতৰি সংবাদ — অসম বাৰ্তা, বাতৰি সংবাদ — অসম বাৰ্তা, বাতৰি সংবাদ — অসম বাৰ্তা, বাতৰি সংবাদ — অসম বাৰ্তা, বাতৰি সংবাদ — অসম বাৰ্তা, বাতৰি সংবাদ — অসম বাৰ্তা, বাতৰি সংবাদ — অসম বাৰ্তা, বাতৰি সংবাদ — অসম বাৰ্তা, বাতৰি সংবাদ — অসম বাৰ্তা, বাতৰি সংবাদ — অসম বাৰ্তা, বাতৰি সংবাদ — অসম বাৰ্তা, বাতৰি সংবাদ — অসম বাৰ্তা, বাতৰি সংবাদ — অসম বাৰ্তা, বাতৰি সংবাদ — অসম বাৰ্তা, বাতৰি সংবাদ — অসম বাৰ্তা, বাতৰি সংবাদ — অসম বাৰ্তা, বাতৰি সংবাদ — অসম বাৰ্তা, বাতৰি সংবাদ — অসম বাৰ্তা, বাতৰি সংবাদ — অসম বাৰ্তা, বাতৰি সংবাদ — অসম বাৰ্তা, বাতৰি সংবাদ — অসম বাৰ্তা, বাতৰি সংবাদ — অসম বাৰ্তা, বাতৰি সংবাদ — অসম বাৰ্তা, বাতৰি সংবাদ — অসম বাৰ্তা, বাতৰি সংবাদ — অসম বাৰ্তা, বাতৰি সংবাদ — অসম বাৰ্তা, বাতৰি সংবাদ — অসম বাৰ্তা, বাতৰি সংবাদ — অসম বাৰ্তা, বাতৰি সংবাদ — অসম বাৰ্তা, বাতৰি সংবাদ — অসম বাৰ্তা, বাতৰি সংবাদ — অসম বাৰ্তা, বাতৰি সংবাদ — অসম বাৰ্তা, বাতৰি সংবাদ — অসম বাৰ্তা, বাতৰি সংবাদ — অসম বাৰ্তা, বাতৰি সংবাদ — অসম বাৰ্তা, বাতৰি সংবাদ — অসম বাৰ্তা, বাতৰি সংবাদ — অসম বাৰ্তা, বাতৰি সংবাদ — অসম বাৰ্তা, বাতৰি সংবাদ — অসম বাৰ্তা, বাতৰি সংবাদ — অসম বাৰ্তা, বাতৰি সংবাদ — অসম বাৰ্তা, বাতৰি সংবাদ — অসম বাৰ্তা, বাতৰি সংবাদ — অসম বাৰ্তা, বাতৰি সংবাদ — অসম বাৰ্তা, বাতৰি সংবাদ — অসম বাৰ্তা, বাতৰি সংবাদ — অসম বাৰ্তা, বাতৰি সংবাদ — অসম বাৰ্তা, বাতৰি সংবাদ — অসম বাৰ্তা, বাতৰি সংবাদ — অসম বাৰ্তা, বাতৰি সংবাদ — অসম বাৰ্তা, বাতৰি সংবাদ — অসম বাৰ্তা, বাতৰি সংবাদ — অসম বাৰ্তা, বাতৰি সংবাদ — অসম বাৰ্তা, বাতৰি সংবাদ — অসম বাৰ্তা, বাতৰি সংবাদ — অসম বাৰ্তা, বাতৰি সংবাদ — অসম বাৰ্তা, বাতৰি সংবাদ — অসম বাৰ্তা, বাতৰি সংবাদ — অসম বাৰ্তা, বাতৰি সংবাদ — অসম বাৰ্তা, বাতৰি সংবাদ — অসম বাৰ্তা, বাতৰি সংবাদ — অসম বাৰ্তা, বাতৰি সংবাদ — অসম বাৰ্তা, বাতৰি সংবাদ — অসম বাৰ্তা, বাতৰি সংবাদ — অসম বাৰ্তা, বাতৰি সংবাদ — অসম বাৰ্তা, বাতৰি সংবাদ — অসম বাৰ্তা, বাতৰি সংবাদ — অসম বাৰ্তা, বাতৰি সংবাদ — অসম বাৰ্তা, বাতৰি সংবাদ — অসম বাৰ্তা, বাতৰি সংবাদ — অসম বাৰ্তা, বাতৰি সংবাদ — অসম বাৰ্তা, বাতৰি সংবাদ — অসম বাৰ্তা, বাতৰি সংবাদ — অসম বাৰ্তা, বাতৰি সংবাদ — অসম বাৰ্তা, বাতৰি সংবাদ — অসম বাৰ্তা, বাতৰি সংবাদ — অসম বাৰ্তা, বাতৰি সংবাদ — অসম বাৰ্তা, বাতৰি সংবাদ — অসম বাৰ্তা, বাতৰি সংবাদ — অসম বাৰ্তা, বাতৰি সংবাদ — অসম বাৰ্তা, বাতৰি সংবাদ — অসম বাৰ্তা, বাতৰি সংবাদ — অসম বাৰ্তা, বাতৰি সংবাদ — অসম বাৰ্তা, বাতৰি সংবাদ — অসম বাৰ্তা, বাতৰি সংবাদ — অসম বাৰ্তা, বাতৰি সংবাদ — অসম বাৰ্তা, বাতৰি সংবাদ — অসম বাৰ্তা, বাতৰি সংবাদ
বড়িগাও মহজিদ পৰিচালনা সমিতিৰ বাৎসৰিক কাৰ্যসূচী
পৰীক্ষাৰ্থীৰ ঘৰে ঘৰে গৈ ছাত্ৰ ছাত্ৰীক জনালে শুভেচ্ছা
অসম বাৰ্তা, বাতৰি সংবাদ — অসম বাৰ্তা, বাতৰি সংবাদ — অসম বাৰ্তা, বাতৰি সংবাদ — অসম বাৰ্তা, বাতৰি সংবাদ — অসম বাৰ্তা, বাতৰি সংবাদ — অসম বাৰ্তা, বাতৰি সংবাদ — অসম বাৰ্তা, বাতৰি সংবাদ — অসম বাৰ্তা, বাতৰি সংবাদ — অসম বাৰ্তা, বাতৰি সংবাদ — অসম বাৰ্তা, বাতৰি সংবাদ — অসম বাৰ্তা, বাতৰি সংবাদ — অসম বাৰ্তা, বাতৰি সংবাদ — অসম বাৰ্তা, বাতৰি সংবাদ — অসম বাৰ্তা, বাতৰি সংবাদ — অসম বাৰ্তা, বাতৰি সংবাদ — অসম বাৰ্তা, বাতৰি সংবাদ — অসম বাৰ্তা, বাতৰি সংবাদ — অসম বাৰ্তা, বাতৰি সংবাদ — অসম বাৰ্তা, বাতৰি সংবাদ — অসম বাৰ্তা, বাতৰি সংবাদ — অসম বাৰ্তা, বাতৰি সংবাদ — অসম বাৰ্তা, বাতৰি সংবাদ — অসম বাৰ্তা, বাতৰি সংবাদ — অসম বাৰ্তা, বাতৰি সংবাদ — অসম বাৰ্তা, বাতৰি সংবাদ — অসম বাৰ্তা, বাতৰি সংবাদ — অসম বাৰ্তা, বাতৰি সংবাদ — অসম বাৰ্তা, বাতৰি সংবাদ — অসম বাৰ্তা, বাতৰি সংবাদ — অসম বাৰ্তা, বাতৰি সংবাদ — অসম বাৰ্তা, বাতৰি সংবাদ — অসম বাৰ্তা, বাতৰি সংবাদ — অসম বাৰ্তা, বাতৰি সংবাদ — অসম বাৰ্তা, বাতৰি সংবাদ — অসম বাৰ্তা, বাতৰি সংবাদ — অসম বাৰ্তা, বাতৰি সংবাদ — অসম বাৰ্তা, বাতৰি সংবাদ — অসম বাৰ্তা, বাতৰি সংবাদ — অসম বাৰ্তা, বাতৰি সংবাদ — অসম বাৰ্তা, বাতৰি সংবাদ — অসম বাৰ্তা, বাতৰি সংবাদ — অসম বাৰ্তা, বাতৰি সংবাদ — অসম বাৰ্তা, বাতৰি সংবাদ — অসম বাৰ্তা, বাতৰি সংবাদ — অসম বাৰ্তা, বাতৰি সংবাদ — অসম বাৰ্তা, বাতৰি সংবাদ — অসম বাৰ্তা, বাতৰি সংবাদ — অসম বাৰ্তা, বাতৰি সংবাদ — অসম বাৰ্তা, বাতৰি সংবাদ — অসম বাৰ্তা, বাতৰি সংবাদ — অসম বাৰ্তা, বাতৰি সংবাদ — অসম বাৰ্তা, বাতৰি সংবাদ — অসম বাৰ্তা, বাতৰি সংবাদ — অসম বাৰ্তা, বাতৰি সংবাদ — অসম বাৰ্তা, বাতৰি সংবাদ — অসম বাৰ্তা, বাতৰি সংবাদ — অসম বাৰ্তা, বাতৰি সংবাদ — অসম বাৰ্তা, বাতৰি সংবাদ — অসম বাৰ্তা, বাতৰি সংবাদ — অসম বাৰ্তা, বাতৰি সংবাদ — অসম বাৰ্তা, বাতৰি সংবাদ — অসম বাৰ্তা, বাতৰি সংবাদ — অসম বাৰ্তা, বাতৰি সংবাদ — অসম বাৰ্তা, বাতৰি সংবাদ — অসম বাৰ্তা, বাতৰি সংবাদ — অসম বাৰ্তা, বাতৰি সংবাদ — অসম বাৰ্তা, বাতৰি সংবাদ — অসম বাৰ্তা, বাতৰি সংবাদ — অসম বাৰ্তা, বাতৰি সংবাদ — অসম বাৰ্তা, বাতৰি সংবাদ — অসম বাৰ্তা, বাতৰি সংবাদ — অসম বাৰ্তা, বাতৰি সংবাদ — অসম বাৰ্তা, বাতৰি সংবাদ — অসম বাৰ্তা, বাতৰি সংবাদ — অসম বাৰ্তা, বাতৰি সংবাদ — অসম বাৰ্তা, বাতৰি সংবাদ — অসম বাৰ্তা, বাতৰি সংবাদ — অসম বাৰ্তা, বাতৰি সংবাদ — অসম বাৰ্তা, বাতৰি সংবাদ — অসম বাৰ্তা, বাতৰি সংবাদ — অসম বাৰ্তা, বাতৰি সংবাদ — অসম বাৰ্তা, বাতৰি সংবাদ — অসম বাৰ্তা, বাতৰি সংবাদ — অসম বাৰ্তা, বাতৰি সংবাদ — অসম বাৰ্তা, বাতৰি সংবাদ — অসম বাৰ্তা, বাতৰি সংবাদ — অসম বাৰ্তা, বাতৰি সংবাদ — অসম বাৰ্তা, বাতৰি সংবাদ — অসম বাৰ্তা, বাতৰি সংবাদ — অসম বাৰ্তা, বাতৰি সংবাদ — অসম বাৰ্তা, বাতৰি সংবাদ — অসম বাৰ্তা, বাতৰি সংবাদ — অসম বাৰ্তা, বাতৰি সংবাদ — অসম বাৰ্তা, বাতৰি সংবাদ — অসম বাৰ্তা, বাতৰি সংবাদ — অসম বাৰ্তা, বাতৰি সংবাদ — অসম বাৰ্তা, বাতৰি সংবাদ — অসম বাৰ্তা, বাতৰি সংবাদ — অসম বাৰ্তা, বাতৰি সংবাদ — অসম বাৰ্তা, বাতৰি সংবাদ — অসম বাৰ্তা, বাতৰি সংবাদ — অসম বাৰ্তা, বাতৰি সংবাদ — অসম বাৰ্তা, বাতৰি সংবাদ — অসম বাৰ্তা, বাতৰি সংবাদ — অসম বাৰ্তা, বাতৰি সংবাদ — অসম বাৰ্তা, বাতৰি সংবাদ — অসম বাৰ্তা, বাতৰি সংবাদ — অসম বাৰ্তা, বাতৰি সংবাদ — অসম বাৰ্তা, বাতৰি সংবাদ — অসম বাৰ্তা, বাতৰি সংবাদ — অসম বাৰ্তা, বাতৰি সংবাদ
ডুমডুমা মহাবিদ্যালয়ৰ শিক্ষাতত্ত্ব বিভাগৰ মুৰব্বী অধ্যাপক ড° আজিবুৰ ৰহমানৰ মৃত্যু
সমগ্ৰ ডুমডুমাত শোকৰ ছাঁ
অসম বাৰ্তা, বাতৰি সংবাদ — অসম বাৰ্তা, বাতৰি সংবাদ — অসম বাৰ্তা, বাতৰি সংবাদ — অসম বাৰ্তা, বাতৰি সংবাদ — অসম বাৰ্তা, বাতৰি সংবাদ — অসম বাৰ্তা, বাতৰি সংবাদ — অসম বাৰ্তা, বাতৰি সংবাদ — অসম বাৰ্তা, বাতৰি সংবাদ — অসম বাৰ্তা, বাতৰি সংবাদ — অসম বাৰ্তা, বাতৰি সংবাদ — অসম বাৰ্তা, বাতৰি সংবাদ — অসম বাৰ্তা, বাতৰি সংবাদ — অসম বাৰ্তা, বাতৰি সংবাদ — অসম বাৰ্তা, বাতৰি সংবাদ — অসম বাৰ্তা, বাতৰি সংবাদ — অসম বাৰ্তা, বাতৰি সংবাদ — অসম বাৰ্তা, বাতৰি সংবাদ — অসম বাৰ্তা, বাতৰি সংবাদ — অসম বাৰ্তা, বাতৰি সংবাদ — অসম বাৰ্তা, বাতৰি সংবাদ — অসম বাৰ্তা, বাতৰি সংবাদ — অসম বাৰ্তা, বাতৰি সংবাদ — অসম বাৰ্তা, বাতৰি সংবাদ — অসম বাৰ্তা, বাতৰি সংবাদ — অসম বাৰ্তা, বাতৰি সংবাদ — অসম বাৰ্তা, বাতৰি সংবাদ — অসম বাৰ্তা, বাতৰি সংবাদ — অসম বাৰ্তা, বাতৰি সংবাদ — অসম বাৰ্তা, বাতৰি সংবাদ — অসম বাৰ্তা, বাতৰি সংবাদ — অসম বাৰ্তা, বাতৰি সংবাদ — অসম বাৰ্তা, বাতৰি সংবাদ — অসম বাৰ্তা, বাতৰি সংবাদ — অসম বাৰ্তা, বাতৰি সংবাদ — অসম বাৰ্তা, বাতৰি সংবাদ — অসম বাৰ্তা, বাতৰি সংবাদ — অসম বাৰ্তা, বাতৰি সংবাদ — অসম বাৰ্তা, বাতৰি সংবাদ — অসম বাৰ্তা, বাতৰি সংবাদ — অসম বাৰ্তা, বাতৰি সংবাদ — অসম বাৰ্তা, বাতৰি সংবাদ — অসম বাৰ্তা, বাতৰি সংবাদ — অসম বাৰ্তা, বাতৰি সংবাদ — অসম বাৰ্তা, বাতৰি সংবাদ — অসম বাৰ্তা, বাতৰি সংবাদ — অসম বাৰ্তা, বাতৰি সংবাদ — অসম বাৰ্তা, বাতৰি সংবাদ — অসম বাৰ্তা, বাতৰি সংবাদ — অসম বাৰ্তা, বাতৰি সংবাদ — অসম বাৰ্তা, বাতৰি সংবাদ — অসম বাৰ্তা, বাতৰি সংবাদ — অসম বাৰ্তা, বাতৰি সংবাদ — অসম বাৰ্তা, বাতৰি সংবাদ — অসম বাৰ্তা, বাতৰি সংবাদ — অসম বাৰ্তা, বাতৰি সংবাদ — অসম বাৰ্তা, বাতৰি সংবাদ — অসম বাৰ্তা, বাতৰি সংবাদ — অসম বাৰ্তা, বাতৰি সংবাদ — অসম বাৰ্তা, বাতৰি সংবাদ — অসম বাৰ্তা, বাতৰি সংবাদ — অসম বাৰ্তা, বাতৰি সংবাদ — অসম বাৰ্তা, বাতৰি সংবাদ — অসম বাৰ্তা, বাতৰি সংবাদ — অসম বাৰ্তা, বাতৰি সংবাদ — অসম বাৰ্তা, বাতৰি সংবাদ — অসম বাৰ্তা, বাতৰি সংবাদ — অসম বাৰ্তা, বাতৰি সংবাদ — অসম বাৰ্তা, বাতৰি সংবাদ — অসম বাৰ্তা, বাতৰি সংবাদ — অসম বাৰ্তা, বাতৰি সংবাদ — অসম বাৰ্তা, বাতৰি সংবাদ — অসম বাৰ্তা, বাতৰি সংবাদ — অসম বাৰ্তা, বাতৰি সংবাদ — অসম বাৰ্তা, বাতৰি সংবাদ — অসম বাৰ্তা, বাতৰি সংবাদ — অসম বাৰ্তা, বাতৰি সংবাদ — অসম বাৰ্তা, বাতৰি সংবাদ — অসম বাৰ্তা, বাতৰি সংবাদ — অসম বাৰ্তা, বাতৰি সংবাদ — অসম বাৰ্তা, বাতৰি সংবাদ — অসম বাৰ্তা, বাতৰি সংবাদ — অসম বাৰ্তা, বাতৰি সংবাদ — অসম বাৰ্তা, বাতৰি সংবাদ — অসম বাৰ্তা, বাতৰি সংবাদ — অসম বাৰ্তা, বাতৰি সংবাদ — অসম বাৰ্তা, বাতৰি সংবাদ — অসম বাৰ্তা, বাতৰি সংবাদ — অসম বাৰ্তা, বাতৰি সংবাদ — অসম বাৰ্তা, বাতৰি সংবাদ — অসম বাৰ্তা, বাতৰি সংবাদ — অসম বাৰ্তা, বাতৰি সংবাদ — অসম বাৰ্তা, বাতৰি সংবাদ — অসম বাৰ্তা, বাতৰি সংবাদ — অসম বাৰ্তা, বাতৰি সংবাদ — অসম বাৰ্তা, বাতৰি সংবাদ — অসম বাৰ্তা, বাতৰি সংবাদ — অসম বাৰ্তা, বাতৰি সংবাদ — অসম বাৰ্তা, বাতৰি সংবাদ — অসম বাৰ্তা, বাতৰি সংবাদ — অসম বাৰ্তা, বাতৰি সংবাদ — অসম বাৰ্তা, বাতৰি সংবাদ — অসম বাৰ্তা, বাতৰি সংবাদ — অসম বাৰ্তা, বাতৰি সংবাদ — অসম বাৰ্তা, বাতৰি সংবাদ — অসম বাৰ্তা, বাতৰি সংবাদ — অসম বাৰ্তা, বাতৰি সংবাদ — অসম বাৰ্তা, বাতৰি সংবাদ — অসম বাৰ্তা, বাতৰি সংবাদ — অসম বাৰ্তা, বাতৰি সংবাদ — অসম বাৰ্তা, বাতৰি সংবাদ — অসম বাৰ্তা, বাতৰি সংবাদ
অসম বাৰ্তা, বাতৰি সংবাদ — অসম বাৰ্তা, বাতৰি সংবাদ — অসম বাৰ্তা, বাতৰি সংবাদ — অসম বাৰ্তা, বাতৰি সংবাদ — অসম বাৰ্তা, বাতৰি সংবাদ — অসম বাৰ্তা, বাতৰি সংবাদ — অসম বাৰ্তা, বাতৰি সংবাদ — অসম বাৰ্তা, বাতৰি সংবাদ — অসম বাৰ্তা, বাতৰি সংবাদ — অসম বাৰ্তা, বাতৰি সংবাদ — অসম বাৰ্তা, বাতৰি সংবাদ — অসম বাৰ্তা, বাতৰি সংবাদ — অসম বাৰ্তা, বাতৰি সংবাদ — অসম বাৰ্তা, বাতৰি সংবাদ — অসম বাৰ্তা, বাতৰি সংবাদ — অসম বাৰ্তা, বাতৰি সংবাদ — অসম বাৰ্তা, বাতৰি সংবাদ — অসম বাৰ্তা, বাতৰি সংবাদ — অসম বাৰ্তা, বাতৰি সংবাদ — অসম বাৰ্তা, বাতৰি সংবাদ — অসম বাৰ্তা, বাতৰি সংবাদ — অসম বাৰ্তা, বাতৰি সংবাদ — অসম বাৰ্তা, বাতৰি সংবাদ — অসম বাৰ্তা, বাতৰি সংবাদ — অসম বাৰ্তা, বাতৰি সংবাদ — অসম বাৰ্তা, বাতৰি সংবাদ — অসম বাৰ্তা, বাতৰি সংবাদ — অসম বাৰ্তা, বাতৰি সংবাদ — অসম বাৰ্তা, বাতৰি সংবাদ — অসম বাৰ্তা, বাতৰি সংবাদ — অসম বাৰ্তা, বাতৰি সংবাদ — অসম বাৰ্তা, বাতৰি সংবাদ — অসম বাৰ্তা, বাতৰি সংবাদ — অসম বাৰ্তা, বাতৰি সংবাদ — অসম বাৰ্তা, বাতৰি সংবাদ — অসম বাৰ্তা, বাতৰি সংবাদ — অসম বাৰ্তা, বাতৰি সংবাদ — অসম বাৰ্তা, বাতৰি সংবাদ — অসম বাৰ্তা, বাতৰি সংবাদ — অসম বাৰ্তা, বাতৰি সংবাদ — অসম বাৰ্তা, বাতৰি সংবাদ — অসম বাৰ্তা, বাতৰি সংবাদ — অসম বাৰ্তা, বাতৰি সংবাদ — অসম বাৰ্তা, বাতৰি সংবাদ — অসম বাৰ্তা, বাতৰি সংবাদ — অসম বাৰ্তা, বাতৰি সংবাদ — অসম বাৰ্তা, বাতৰি সংবাদ — অসম বাৰ্তা, বাতৰি সংবাদ — অসম বাৰ্তা, বাতৰি সংবাদ — অসম বাৰ্তা, বাতৰি সংবাদ — অসম বাৰ্তা, বাতৰি সংবাদ — অসম বাৰ্তা, বাতৰি সংবাদ — অসম বাৰ্তা, বাতৰি সংবাদ — অসম বাৰ্তা, বাতৰি সংবাদ — অসম বাৰ্তা, বাতৰি সংবাদ — অসম বাৰ্তা, বাতৰি সংবাদ — অসম বাৰ্তা, বাতৰি সংবাদ — অসম বাৰ্তা, বাতৰি সংবাদ — অসম বাৰ্তা, বাতৰি সংবাদ — অসম বাৰ্তা, বাতৰি সংবাদ — অসম বাৰ্তা, বাতৰি সংবাদ — অসম বাৰ্তা, বাতৰি সংবাদ — অসম বাৰ্তা, বাতৰি সংবাদ — অসম বাৰ্তা, বাতৰি সংবাদ — অসম বাৰ্তা, বাতৰি সংবাদ — অসম বাৰ্তা, বাতৰি সংবাদ — অসম বাৰ্তা, বাতৰি সংবাদ — অসম বাৰ্তা, বাতৰি সংবাদ — অসম বাৰ্তা, বাতৰি সংবাদ — অসম বাৰ্তা, বাতৰি সংবাদ — অসম বাৰ্তা, বাতৰি সংবাদ — অসম বাৰ্তা, বাতৰি সংবাদ — অসম বাৰ্তা, বাতৰি সংবাদ — অসম বাৰ্তা, বাতৰি সংবাদ — অসম বাৰ্তা, বাতৰি সংবাদ — অসম বাৰ্তা, বাতৰি সংবাদ — অসম বাৰ্তা, বাতৰি সংবাদ — অসম বাৰ্তা, বাতৰি সংবাদ — অসম বাৰ্তা, বাতৰি সংবাদ — অসম বাৰ্তা, বাতৰি সংবাদ — অসম বাৰ্তা, বাতৰি সংবাদ — অসম বাৰ্তা, বাতৰি সংবাদ — অসম বাৰ্তা, বাতৰি সংবাদ — অসম বাৰ্তা, বাতৰি সংবাদ — অসম বাৰ্তা, বাতৰি সংবাদ — অসম বাৰ্তা, বাতৰি সংবাদ — অসম বাৰ্তা, বাতৰি সংবাদ — অসম বাৰ্তা, বাতৰি সংবাদ — অসম বাৰ্তা, বাতৰি সংবাদ — অসম বাৰ্তা, বাতৰি সংবাদ — অসম বাৰ্তা, বাতৰি সংবাদ — অসম বাৰ্তা, বাতৰি সংবাদ — অসম বাৰ্তা, বাতৰি সংবাদ — অসম বাৰ্তা, বাতৰি সংবাদ — অসম বাৰ্তা, বাতৰি সংবাদ — অসম বাৰ্তা, বাতৰি সংবাদ — অসম বাৰ্তা, বাতৰি সংবাদ — অসম বাৰ্তা, বাতৰি সংবাদ — অসম বাৰ্তা, বাতৰি সংবাদ — অসম বাৰ্তা, বাতৰি সংবাদ — অসম বাৰ্তা, বাতৰি সংবাদ — অসম বাৰ্তা, বাতৰি সংবাদ — অসম বাৰ্তা, বাতৰি সংবাদ — অসম বাৰ্তা, বাতৰি সংবাদ — অসম বাৰ্তা, বাতৰি সংবাদ — অসম বাৰ্তা, বাতৰি সংবাদ — অসম বাৰ্তা, বাতৰি সংবাদ — অসম বাৰ্তা, বাতৰি সংবাদ — অসম বাৰ্তা, বাতৰি সংবাদ — অসম বাৰ্তা, বাতৰি সংবাদ — অসম বাৰ্তা, বাতৰি সংবাদ
অসম বাৰ্তা, বাতৰি সংবাদ — অসম বাৰ্তা, বাতৰি সংবাদ — অসম বাৰ্তা, বাতৰি সংবাদ — অসম বাৰ্তা, বাতৰি সংবাদ — অসম বাৰ্তা, বাতৰি সংবাদ — অসম বাৰ্তা, বাতৰি সংবাদ — অসম বাৰ্তা, বাতৰি সংবাদ — অসম বাৰ্তা, বাতৰি সংবাদ — অসম বাৰ্তা, বাতৰি সংবাদ — অসম বাৰ্তা, বাতৰি সংবাদ — অসম বাৰ্তা, বাতৰি সংবাদ — অসম বাৰ্তা, বাতৰি সংবাদ — অসম বাৰ্তা, বাতৰি সংবাদ — অসম বাৰ্তা, বাতৰি সংবাদ — অসম বাৰ্তা, বাতৰি সংবাদ — অসম বাৰ্তা, বাতৰি সংবাদ — অসম বাৰ্তা, বাতৰি সংবাদ — অসম বাৰ্তা, বাতৰি সংবাদ — অসম বাৰ্তা, বাতৰি সংবাদ — অসম বাৰ্তা, বাতৰি সংবাদ — অসম বাৰ্তা, বাতৰি সংবাদ — অসম বাৰ্তা, বাতৰি সংবাদ — অসম বাৰ্তা, বাতৰি সংবাদ — অসম বাৰ্তা, বাতৰি সংবাদ — অসম বাৰ্তা, বাতৰি সংবাদ — অসম বাৰ্তা, বাতৰি সংবাদ — অসম বাৰ্তা, বাতৰি সংবাদ — অসম বাৰ্তা, বাতৰি সংবাদ — অসম বাৰ্তা, বাতৰি সংবাদ — অসম বাৰ্তা, বাতৰি সংবাদ — অসম বাৰ্তা, বাতৰি সংবাদ — অসম বাৰ্তা, বাতৰি সংবাদ — অসম বাৰ্তা, বাতৰি সংবাদ — অসম বাৰ্তা, বাতৰি সংবাদ — অসম বাৰ্তা, বাতৰি সংবাদ — অসম বাৰ্তা, বাতৰি সংবাদ — অসম বাৰ্তা, বাতৰি সংবাদ — অসম বাৰ্তা, বাতৰি সংবাদ — অসম বাৰ্তা, বাতৰি সংবাদ — অসম বাৰ্তা, বাতৰি সংবাদ — অসম বাৰ্তা, বাতৰি সংবাদ — অসম বাৰ্তা, বাতৰি সংবাদ — অসম বাৰ্তা, বাতৰি সংবাদ — অসম বাৰ্তা, বাতৰি সংবাদ — অসম বাৰ্তা, বাতৰি সংবাদ — অসম বাৰ্তা, বাতৰি সংবাদ — অসম বাৰ্তা, বাতৰি সংবাদ — অসম বাৰ্তা, বাতৰি সংবাদ — অসম বাৰ্তা, বাতৰি সংবাদ — অসম বাৰ্তা, বাতৰি সংবাদ — অসম বাৰ্তা, বাতৰি সংবাদ — অসম বাৰ্তা, বাতৰি সংবাদ — অসম বাৰ্তা, বাতৰি সংবাদ — অসম বাৰ্তা, বাতৰি সংবাদ — অসম বাৰ্তা, বাতৰি সংবাদ — অসম বাৰ্তা, বাতৰি সংবাদ — অসম বাৰ্তা, বাতৰি সংবাদ — অসম বাৰ্তা, বাতৰি সংবাদ — অসম বাৰ্তা, বাতৰি সংবাদ — অসম বাৰ্তা, বাতৰি সংবাদ — অসম বাৰ্তা, বাতৰি সংবাদ — অসম বাৰ্তা, বাতৰি সংবাদ — অসম বাৰ্তা, বাতৰি সংবাদ — অসম বাৰ্তা, বাতৰি সংবাদ — অসম বাৰ্তা, বাতৰি সংবাদ — অসম বাৰ্তা, বাতৰি সংবাদ — অসম বাৰ্তা, বাতৰি সংবাদ — অসম বাৰ্তা, বাতৰি সংবাদ — অসম বাৰ্তা, বাতৰি সংবাদ — অসম বাৰ্তা, বাতৰি সংবাদ — অসম বাৰ্তা, বাতৰি সংবাদ — অসম বাৰ্তা, বাতৰি সংবাদ — অসম বাৰ্তা, বাতৰি সংবাদ — অসম বাৰ্তা, বাতৰি সংবাদ — অসম বাৰ্তা, বাতৰি সংবাদ — অসম বাৰ্তা, বাতৰি সংবাদ — অসম বাৰ্তা, বাতৰি সংবাদ — অসম বাৰ্তা, বাতৰি সংবাদ — অসম বাৰ্তা, বাতৰি সংবাদ — অসম বাৰ্তা, বাতৰি সংবাদ — অসম বাৰ্তা, বাতৰি সংবাদ — অসম বাৰ্তা, বাতৰি সংবাদ — অসম বাৰ্তা, বাতৰি সংবাদ — অসম বাৰ্তা, বাতৰি সংবাদ — অসম বাৰ্তা, বাতৰি সংবাদ — অসম বাৰ্তা, বাতৰি সংবাদ — অসম বাৰ্তা, বাতৰি সংবাদ — অসম বাৰ্তা, বাতৰি সংবাদ — অসম বাৰ্তা, বাতৰি সংবাদ — অসম বাৰ্তা, বাতৰি সংবাদ — অসম বাৰ্তা, বাতৰি সংবাদ — অসম বাৰ্তা, বাতৰি সংবাদ — অসম বাৰ্তা, বাতৰি সংবাদ — অসম বাৰ্তা, বাতৰি সংবাদ — অসম বাৰ্তা, বাতৰি সংবাদ — অসম বাৰ্তা, বাতৰি সংবাদ — অসম বাৰ্তা, বাতৰি সংবাদ — অসম বাৰ্তা, বাতৰি সংবাদ — অসম বাৰ্তা, বাতৰি সংবাদ — অসম বাৰ্তা, বাতৰি সংবাদ — অসম বাৰ্তা, বাতৰি সংবাদ — অসম বাৰ্তা, বাতৰি সংবাদ — অসম বাৰ্তা, বাতৰি সংবাদ — অসম বাৰ্তা, বাতৰি সংবাদ — অসম বাৰ্তা, বাতৰি সংবাদ — অসম বাৰ্তা, বাতৰি সংবাদ — অসম বাৰ্তা, বাতৰি সংবাদ — অসম বাৰ্তা, বাতৰি সংবাদ — অসম বাৰ্তা, বাতৰি সংবাদ — অসম বাৰ্তা, বাতৰি সংবাদ — অসম বাৰ্তা, বাতৰি সংবাদ
চিলাপথাৰত প্ৰতিষ্ঠিত ব্যৱসায়ী তথা সমাজসেৱক পূৰণ টাণ্ডনৰ মহানুভৱতা
ডিমৌ চাৰিআলি মহাবিদ্যালয়ত ছাত্ৰ-ছাত্ৰীসকলক ক্ৰীড়াৰ সামগ্ৰী প্ৰদান
অসম বাৰ্তা, বাতৰি সংবাদ — অসম বাৰ্তা, বাতৰি সংবাদ — অসম বাৰ্তা, বাতৰি সংবাদ — অসম বাৰ্তা, বাতৰি সংবাদ — অসম বাৰ্তা, বাতৰি সংবাদ — অসম বাৰ্তা, বাতৰি সংবাদ — অসম বাৰ্তা, বাতৰি সংবাদ — অসম বাৰ্তা, বাতৰি সংবাদ — অসম বাৰ্তা, বাতৰি সংবাদ — অসম বাৰ্তা, বাতৰি সংবাদ — অসম বাৰ্তা, বাতৰি সংবাদ — অসম বাৰ্তা, বাতৰি সংবাদ — অসম বাৰ্তা, বাতৰি সংবাদ — অসম বাৰ্তা, বাতৰি সংবাদ — অসম বাৰ্তা, বাতৰি সংবাদ — অসম বাৰ্তা, বাতৰি সংবাদ — অসম বাৰ্তা, বাতৰি সংবাদ — অসম বাৰ্তা, বাতৰি সংবাদ — অসম বাৰ্তা, বাতৰি সংবাদ — অসম বাৰ্তা, বাতৰি সংবাদ — অসম বাৰ্তা, বাতৰি সংবাদ — অসম বাৰ্তা, বাতৰি সংবাদ — অসম বাৰ্তা, বাতৰি সংবাদ — অসম বাৰ্তা, বাতৰি সংবাদ — অসম বাৰ্তা, বাতৰি সংবাদ — অসম বাৰ্তা, বাতৰি সংবাদ — অসম বাৰ্তা, বাতৰি সংবাদ — অসম বাৰ্তা, বাতৰি সংবাদ — অসম বাৰ্তা, বাতৰি সংবাদ — অসম বাৰ্তা, বাতৰি সংবাদ — অসম বাৰ্তা, বাতৰি সংবাদ — অসম বাৰ্তা, বাতৰি সংবাদ — অসম বাৰ্তা, বাতৰি সংবাদ — অসম বাৰ্তা, বাতৰি সংবাদ — অসম বাৰ্তা, বাতৰি সংবাদ — অসম বাৰ্তা, বাতৰি সংবাদ — অসম বাৰ্তা, বাতৰি সংবাদ — অসম বাৰ্তা, বাতৰি সংবাদ — অসম বাৰ্তা, বাতৰি সংবাদ — অসম বাৰ্তা, বাতৰি সংবাদ — অসম বাৰ্তা, বাতৰি সংবাদ — অসম বাৰ্তা, বাতৰি সংবাদ — অসম বাৰ্তা, বাতৰি সংবাদ — অসম বাৰ্তা, বাতৰি সংবাদ — অসম বাৰ্তা, বাতৰি সংবাদ — অসম বাৰ্তা, বাতৰি সংবাদ — অসম বাৰ্তা, বাতৰি সংবাদ — অসম বাৰ্তা, বাতৰি সংবাদ — অসম বাৰ্তা, বাতৰি সংবাদ — অসম বাৰ্তা, বাতৰি সংবাদ — অসম বাৰ্তা, বাতৰি সংবাদ — অসম বাৰ্তা, বাতৰি সংবাদ — অসম বাৰ্তা, বাতৰি সংবাদ — অসম বাৰ্তা, বাতৰি সংবাদ — অসম বাৰ্তা, বাতৰি সংবাদ — অসম বাৰ্তা, বাতৰি সংবাদ — অসম বাৰ্তা, বাতৰি সংবাদ — অসম বাৰ্তা, বাতৰি সংবাদ — অসম বাৰ্তা, বাতৰি সংবাদ — অসম বাৰ্তা, বাতৰি সংবাদ — অসম বাৰ্তা, বাতৰি সংবাদ — অসম বাৰ্তা, বাতৰি সংবাদ — অসম বাৰ্তা, বাতৰি সংবাদ — অসম বাৰ্তা, বাতৰি সংবাদ — অসম বাৰ্তা, বাতৰি সংবাদ — অসম বাৰ্তা, বাতৰি সংবাদ — অসম বাৰ্তা, বাতৰি সংবাদ — অসম বাৰ্তা, বাতৰি সংবাদ — অসম বাৰ্তা, বাতৰি সংবাদ — অসম বাৰ্তা, বাতৰি সংবাদ — অসম বাৰ্তা, বাতৰি সংবাদ — অসম বাৰ্তা, বাতৰি সংবাদ — অসম বাৰ্তা, বাতৰি সংবাদ — অসম বাৰ্তা, বাতৰি সংবাদ — অসম বাৰ্তা, বাতৰি সংবাদ — অসম বাৰ্তা, বাতৰি সংবাদ — অসম বাৰ্তা, বাতৰি সংবাদ — অসম বাৰ্তা, বাতৰি সংবাদ — অসম বাৰ্তা, বাতৰি সংবাদ — অসম বাৰ্তা, বাতৰি সংবাদ — অসম বাৰ্তা, বাতৰি সংবাদ — অসম বাৰ্তা, বাতৰি সংবাদ — অসম বাৰ্তা, বাতৰি সংবাদ — অসম বাৰ্তা, বাতৰি সংবাদ — অসম বাৰ্তা, বাতৰি সংবাদ — অসম বাৰ্তা, বাতৰি সংবাদ — অসম বাৰ্তা, বাতৰি সংবাদ — অসম বাৰ্তা, বাতৰি সংবাদ — অসম বাৰ্তা, বাতৰি সংবাদ — অসম বাৰ্তা, বাতৰি সংবাদ — অসম বাৰ্তা, বাতৰি সংবাদ — অসম বাৰ্তা, বাতৰি সংবাদ — অসম বাৰ্তা, বাতৰি সংবাদ — অসম বাৰ্তা, বাতৰি সংবাদ — অসম বাৰ্তা, বাতৰি সংবাদ — অসম বাৰ্তা, বাতৰি সংবাদ — অসম বাৰ্তা, বাতৰি সংবাদ — অসম বাৰ্তা, বাতৰি সংবাদ — অসম বাৰ্তা, বাতৰি সংবাদ — অসম বাৰ্তা, বাতৰি সংবাদ — অসম বাৰ্তা, বাতৰি সংবাদ — অসম বাৰ্তা, বাতৰি সংবাদ — অসম বাৰ্তা, বাতৰি সংবাদ — অসম বাৰ্তা, বাতৰি সংবাদ — অসম বাৰ্তা, বাতৰি সংবাদ — অসম বাৰ্তা, বাতৰি সংবাদ — অসম বাৰ্তা, বাতৰি সংবাদ — অসম বাৰ্তা, বাতৰি সংবাদ — অসম বাৰ্তা, বাতৰি সংবাদ — অসম বাৰ্তা, বাতৰি সংবাদ — অসম বাৰ্তা, বাতৰি সংবাদ
অসম বাৰ্তা, বাতৰি সংবাদ — অসম বাৰ্তা, বাতৰি সংবাদ — অসম বাৰ্তা, বাতৰি সংবাদ — অসম বাৰ্তা, বাতৰি সংবাদ — অসম বাৰ্তা, বাতৰি সংবাদ — অসম বাৰ্তা, বাতৰি সংবাদ — অসম বাৰ্তা, বাতৰি সংবাদ — অসম বাৰ্তা, বাতৰি সংবাদ — অসম বাৰ্তা, বাতৰি সংবাদ — অসম বাৰ্তা, বাতৰি সংবাদ — অসম বাৰ্তা, বাতৰি সংবাদ — অসম বাৰ্তা, বাতৰি সংবাদ — অসম বাৰ্তা, বাতৰি সংবাদ — অসম বাৰ্তা, বাতৰি সংবাদ — অসম বাৰ্তা, বাতৰি সংবাদ — অসম বাৰ্তা, বাতৰি সংবাদ — অসম বাৰ্তা, বাতৰি সংবাদ — অসম বাৰ্তা, বাতৰি সংবাদ — অসম বাৰ্তা, বাতৰি সংবাদ — অসম বাৰ্তা, বাতৰি সংবাদ — অসম বাৰ্তা, বাতৰি সংবাদ — অসম বাৰ্তা, বাতৰি সংবাদ — অসম বাৰ্তা, বাতৰি সংবাদ — অসম বাৰ্তা, বাতৰি সংবাদ — অসম বাৰ্তা, বাতৰি সংবাদ — অসম বাৰ্তা, বাতৰি সংবাদ — অসম বাৰ্তা, বাতৰি সংবাদ — অসম বাৰ্তা, বাতৰি সংবাদ — অসম বাৰ্তা, বাতৰি সংবাদ — অসম বাৰ্তা, বাতৰি সংবাদ — অসম বাৰ্তা, বাতৰি সংবাদ — অসম বাৰ্তা, বাতৰি সংবাদ — অসম বাৰ্তা, বাতৰি সংবাদ — অসম বাৰ্তা, বাতৰি সংবাদ — অসম বাৰ্তা, বাতৰি সংবাদ — অসম বাৰ্তা, বাতৰি সংবাদ — অসম বাৰ্তা, বাতৰি সংবাদ — অসম বাৰ্তা, বাতৰি সংবাদ — অসম বাৰ্তা, বাতৰি সংবাদ — অসম বাৰ্তা, বাতৰি সংবাদ — অসম বাৰ্তা, বাতৰি সংবাদ — অসম বাৰ্তা, বাতৰি সংবাদ — অসম বাৰ্তা, বাতৰি সংবাদ — অসম বাৰ্তা, বাতৰি সংবাদ — অসম বাৰ্তা, বাতৰি সংবাদ — অসম বাৰ্তা, বাতৰি সংবাদ — অসম বাৰ্তা, বাতৰি সংবাদ — অসম বাৰ্তা, বাতৰি সংবাদ — অসম বাৰ্তা, বাতৰি সংবাদ — অসম বাৰ্তা, বাতৰি সংবাদ — অসম বাৰ্তা, বাতৰি সংবাদ — অসম বাৰ্তা, বাতৰি সংবাদ — অসম বাৰ্তা, বাতৰি সংবাদ — অসম বাৰ্তা, বাতৰি সংবাদ — অসম বাৰ্তা, বাতৰি সংবাদ — অসম বাৰ্তা, বাতৰি সংবাদ — অসম বাৰ্তা, বাতৰি সংবাদ — অসম বাৰ্তা, বাতৰি সংবাদ — অসম বাৰ্তা, বাতৰি সংবাদ — অসম বাৰ্তা, বাতৰি সংবাদ — অসম বাৰ্তা, বাতৰি সংবাদ — অসম বাৰ্তা, বাতৰি সংবাদ — অসম বাৰ্তা, বাতৰি সংবাদ — অসম বাৰ্তা, বাতৰি সংবাদ — অসম বাৰ্তা, বাতৰি সংবাদ — অসম বাৰ্তা, বাতৰি সংবাদ — অসম বাৰ্তা, বাতৰি সংবাদ — অসম বাৰ্তা, বাতৰি সংবাদ — অসম বাৰ্তা, বাতৰি সংবাদ — অসম বাৰ্তা, বাতৰি সংবাদ — অসম বাৰ্তা, বাতৰি সংবাদ — অসম বাৰ্তা, বাতৰি সংবাদ — অসম বাৰ্তা, বাতৰি সংবাদ — অসম বাৰ্তা, বাতৰি সংবাদ — অসম বাৰ্তা, বাতৰি সংবাদ — অসম বাৰ্তা, বাতৰি সংবাদ — অসম বাৰ্তা, বাতৰি সংবাদ — অসম বাৰ্তা, বাতৰি সংবাদ — অসম বাৰ্তা, বাতৰি সংবাদ — অসম বাৰ্তা, বাতৰি সংবাদ — অসম বাৰ্তা, বাতৰি সংবাদ — অসম বাৰ্তা, বাতৰি সংবাদ — অসম বাৰ্তা, বাতৰি সংবাদ — অসম বাৰ্তা, বাতৰি সংবাদ — অসম বাৰ্তা, বাতৰি সংবাদ — অসম বাৰ্তা, বাতৰি সংবাদ — অসম বাৰ্তা, বাতৰি সংবাদ — অসম বাৰ্তা, বাতৰি সংবাদ — অসম বাৰ্তা, বাতৰি সংবাদ — অসম বাৰ্তা, বাতৰি সংবাদ — অসম বাৰ্তা, বাতৰি সংবাদ — অসম বাৰ্তা, বাতৰি সংবাদ — অসম বাৰ্তা, বাতৰি সংবাদ — অসম বাৰ্তা, বাতৰি সংবাদ — অসম বাৰ্তা, বাতৰি সংবাদ — অসম বাৰ্তা, বাতৰি সংবাদ — অসম বাৰ্তা, বাতৰি সংবাদ — অসম বাৰ্তা, বাতৰি সংবাদ — অসম বাৰ্তা, বাতৰি সংবাদ — অসম বাৰ্তা, বাতৰি সংবাদ — অসম বাৰ্তা, বাতৰি সংবাদ — অসম বাৰ্তা, বাতৰি সংবাদ — অসম বাৰ্তা, বাতৰি সংবাদ — অসম বাৰ্তা, বাতৰি সংবাদ — অসম বাৰ্তা, বাতৰি সংবাদ — অসম বাৰ্তা, বাতৰি সংবাদ — অসম বাৰ্তা, বাতৰি সংবাদ — অসম বাৰ্তা, বাতৰি সংবাদ — অসম বাৰ্তা, বাতৰি সংবাদ — অসম বাৰ্তা, বাতৰি সংবাদ — অসম বাৰ্তা, বাতৰি সংবাদ
অসম বাৰ্তা, বাতৰি সংবাদ — অসম বাৰ্তা, বাতৰি সংবাদ — অসম বাৰ্তা, বাতৰি সংবাদ — অসম বাৰ্তা, বাতৰি সংবাদ — অসম বাৰ্তা, বাতৰি সংবাদ — অসম বাৰ্তা, বাতৰি সংবাদ — অসম বাৰ্তা, বাতৰি সংবাদ — অসম বাৰ্তা, বাতৰি সংবাদ — অসম বাৰ্তা, বাতৰি সংবাদ — অসম বাৰ্তা, বাতৰি সংবাদ — অসম বাৰ্তা, বাতৰি সংবাদ — অসম বাৰ্তা, বাতৰি সংবাদ — অসম বাৰ্তা, বাতৰি সংবাদ — অসম বাৰ্তা, বাতৰি সংবাদ — অসম বাৰ্তা, বাতৰি সংবাদ — অসম বাৰ্তা, বাতৰি সংবাদ — অসম বাৰ্তা, বাতৰি সংবাদ — অসম বাৰ্তা, বাতৰি সংবাদ — অসম বাৰ্তা, বাতৰি সংবাদ — অসম বাৰ্তা, বাতৰি সংবাদ — অসম বাৰ্তা, বাতৰি সংবাদ — অসম বাৰ্তা, বাতৰি সংবাদ — অসম বাৰ্তা, বাতৰি সংবাদ — অসম বাৰ্তা, বাতৰি সংবাদ — অসম বাৰ্তা, বাতৰি সংবাদ — অসম বাৰ্তা, বাতৰি সংবাদ — অসম বাৰ্তা, বাতৰি সংবাদ — অসম বাৰ্তা, বাতৰি সংবাদ — অসম বাৰ্তা, বাতৰি সংবাদ — অসম বাৰ্তা, বাতৰি সংবাদ — অসম বাৰ্তা, বাতৰি সংবাদ — অসম বাৰ্তা, বাতৰি সংবাদ — অসম বাৰ্তা, বাতৰি সংবাদ — অসম বাৰ্তা, বাতৰি সংবাদ — অসম বাৰ্তা, বাতৰি সংবাদ — অসম বাৰ্তা, বাতৰি সংবাদ — অসম বাৰ্তা, বাতৰি সংবাদ — অসম বাৰ্তা, বাতৰি সংবাদ — অসম বাৰ্তা, বাতৰি সংবাদ — অসম বাৰ্তা, বাতৰি সংবাদ — অসম বাৰ্তা, বাতৰি সংবাদ — অসম বাৰ্তা, বাতৰি সংবাদ — অসম বাৰ্তা, বাতৰি সংবাদ — অসম বাৰ্তা, বাতৰি সংবাদ — অসম বাৰ্তা, বাতৰি সংবাদ — অসম বাৰ্তা, বাতৰি সংবাদ — অসম বাৰ্তা, বাতৰি সংবাদ — অসম বাৰ্তা, বাতৰি সংবাদ — অসম বাৰ্তা, বাতৰি সংবাদ — অসম বাৰ্তা, বাতৰি সংবাদ — অসম বাৰ্তা, বাতৰি সংবাদ — অসম বাৰ্তা, বাতৰি সংবাদ — অসম বাৰ্তা, বাতৰি সংবাদ — অসম বাৰ্তা, বাতৰি সংবাদ — অসম বাৰ্তা, বাতৰি সংবাদ — অসম বাৰ্তা, বাতৰি সংবাদ — অসম বাৰ্তা, বাতৰি সংবাদ — অসম বাৰ্তা, বাতৰি সংবাদ — অসম বাৰ্তা, বাতৰি সংবাদ — অসম বাৰ্তা, বাতৰি সংবাদ — অসম বাৰ্তা, বাতৰি সংবাদ — অসম বাৰ্তা, বাতৰি সংবাদ — অসম বাৰ্তা, বাতৰি সংবাদ — অসম বাৰ্তা, বাতৰি সংবাদ — অসম বাৰ্তা, বাতৰি সংবাদ — অসম বাৰ্তা, বাতৰি সংবাদ — অসম বাৰ্তা, বাতৰি সংবাদ — অসম বাৰ্তা, বাতৰি সংবাদ — অসম বাৰ্তা, বাতৰি সংবাদ — অসম বাৰ্তা, বাতৰি সংবাদ — অসম বাৰ্তা, বাতৰি সংবাদ — অসম বাৰ্তা, বাতৰি সংবাদ — অসম বাৰ্তা, বাতৰি সংবাদ — অসম বাৰ্তা, বাতৰি সংবাদ — অসম বাৰ্তা, বাতৰি সংবাদ — অসম বাৰ্তা, বাতৰি সংবাদ — অসম বাৰ্তা, বাতৰি সংবাদ — অসম বাৰ্তা, বাতৰি সংবাদ — অসম বাৰ্তা, বাতৰি সংবাদ — অসম বাৰ্তা, বাতৰি সংবাদ — অসম বাৰ্তা, বাতৰি সংবাদ — অসম বাৰ্তা, বাতৰি সংবাদ — অসম বাৰ্তা, বাতৰি সংবাদ — অসম বাৰ্তা, বাতৰি সংবাদ — অসম বাৰ্তা, বাতৰি সংবাদ — অসম বাৰ্তা, বাতৰি সংবাদ — অসম বাৰ্তা, বাতৰি সংবাদ — অসম বাৰ্তা, বাতৰি সংবাদ — অসম বাৰ্তা, বাতৰি সংবাদ — অসম বাৰ্তা, বাতৰি সংবাদ — অসম বাৰ্তা, বাতৰি সংবাদ — অসম বাৰ্তা, বাতৰি সংবাদ — অসম বাৰ্তা, বাতৰি সংবাদ — অসম বাৰ্তা, বাতৰি সংবাদ — অসম বাৰ্তা, বাতৰি সংবাদ — অসম বাৰ্তা, বাতৰি সংবাদ — অসম বাৰ্তা, বাতৰি সংবাদ — অসম বাৰ্তা, বাতৰি সংবাদ — অসম বাৰ্তা, বাতৰি সংবাদ — অসম বাৰ্তা, বাতৰি সংবাদ — অসম বাৰ্তা, বাতৰি সংবাদ — অসম বাৰ্তা, বাতৰি সংবাদ — অসম বাৰ্তা, বাতৰি সংবাদ — অসম বাৰ্তা, বাতৰি সংবাদ — অসম বাৰ্তা, বাতৰি সংবাদ — অসম বাৰ্তা, বাতৰি সংবাদ — অসম বাৰ্তা, বাতৰি সংবাদ — অসম বাৰ্তা, বাতৰি সংবাদ — অসম বাৰ্তা, বাতৰি সংবাদ — অসম বাৰ্তা, বাতৰি সংবাদ — অসম বাৰ্তা, বাতৰি সংবাদ
বটদ্ৰৱাৰ ষ্ট্ৰীট আজি পুনৰ পথ দুৰ্ঘটনা
অসম বাৰ্তা, বাতৰি সংবাদ — অসম বাৰ্তা, বাতৰি সংবাদ — অসম বাৰ্তা, বাতৰি সংবাদ — অসম বাৰ্তা, বাতৰি সংবাদ — অসম বাৰ্তা, বাতৰি সংবাদ — অসম বাৰ্তা, বাতৰি সংবাদ — অসম বাৰ্তা, বাতৰি সংবাদ — অসম বাৰ্তা, বাতৰি সংবাদ — অসম বাৰ্তা, বাতৰি সংবাদ — অসম বাৰ্তা, বাতৰি সংবাদ — অসম বাৰ্তা, বাতৰি সংবাদ — অসম বাৰ্তা, বাতৰি সংবাদ — অসম বাৰ্তা, বাতৰি সংবাদ — অসম বাৰ্তা, বাতৰি সংবাদ — অসম বাৰ্তা, বাতৰি সংবাদ — অসম বাৰ্তা, বাতৰি সংবাদ — অসম বাৰ্তা, বাতৰি সংবাদ — অসম বাৰ্তা, বাতৰি সংবাদ — অসম বাৰ্তা, বাতৰি সংবাদ — অসম বাৰ্তা, বাতৰি সংবাদ — অসম বাৰ্তা, বাতৰি সংবাদ — অসম বাৰ্তা, বাতৰি সংবাদ — অসম বাৰ্তা, বাতৰি সংবাদ — অসম বাৰ্তা, বাতৰি সংবাদ — অসম বাৰ্তা, বাতৰি সংবাদ — অসম বাৰ্তা, বাতৰি সংবাদ — অসম বাৰ্তা, বাতৰি সংবাদ — অসম বাৰ্তা, বাতৰি সংবাদ — অসম বাৰ্তা, বাতৰি সংবাদ — অসম বাৰ্তা, বাতৰি সংবাদ — অসম বাৰ্তা, বাতৰি সংবাদ — অসম বাৰ্তা, বাতৰি সংবাদ — অসম বাৰ্তা, বাতৰি সংবাদ — অসম বাৰ্তা, বাতৰি সংবাদ — অসম বাৰ্তা, বাতৰি সংবাদ — অসম বাৰ্তা, বাতৰি সংবাদ — অসম বাৰ্তা, বাতৰি সংবাদ — অসম বাৰ্তা, বাতৰি সংবাদ — অসম বাৰ্তা, বাতৰি সংবাদ — অসম বাৰ্তা, বাতৰি সংবাদ — অসম বাৰ্তা, বাতৰি সংবাদ — অসম বাৰ্তা, বাতৰি সংবাদ — অসম বাৰ্তা, বাতৰি সংবাদ — অসম বাৰ্তা, বাতৰি সংবাদ — অসম বাৰ্তা, বাতৰি সংবাদ — অসম বাৰ্তা, বাতৰি সংবাদ — অসম বাৰ্তা, বাতৰি সংবাদ — অসম বাৰ্তা, বাতৰি সংবাদ — অসম বাৰ্তা, বাতৰি সংবাদ — অসম বাৰ্তা, বাতৰি সংবাদ — অসম বাৰ্তা, বাতৰি সংবাদ — অসম বাৰ্তা, বাতৰি সংবাদ — অসম বাৰ্তা, বাতৰি সংবাদ — অসম বাৰ্তা, বাতৰি সংবাদ — অসম বাৰ্তা, বাতৰি সংবাদ — অসম বাৰ্তা, বাতৰি সংবাদ — অসম বাৰ্তা, বাতৰি সংবাদ — অসম বাৰ্তা, বাতৰি সংবাদ — অসম বাৰ্তা, বাতৰি সংবাদ — অসম বাৰ্তা, বাতৰি সংবাদ — অসম বাৰ্তা, বাতৰি সংবাদ — অসম বাৰ্তা, বাতৰি সংবাদ — অসম বাৰ্তা, বাতৰি সংবাদ — অসম বাৰ্তা, বাতৰি সংবাদ — অসম বাৰ্তা, বাতৰি সংবাদ — অসম বাৰ্তা, বাতৰি সংবাদ — অসম বাৰ্তা, বাতৰি সংবাদ — অসম বাৰ্তা, বাতৰি সংবাদ — অসম বাৰ্তা, বাতৰি সংবাদ — অসম বাৰ্তা, বাতৰি সংবাদ — অসম বাৰ্তা, বাতৰি সংবাদ — অসম বাৰ্তা, বাতৰি সংবাদ — অসম বাৰ্তা, বাতৰি সংবাদ — অসম বাৰ্তা, বাতৰি সংবাদ — অসম বাৰ্তা, বাতৰি সংবাদ — অসম বাৰ্তা, বাতৰি সংবাদ — অসম বাৰ্তা, বাতৰি সংবাদ — অসম বাৰ্তা, বাতৰি সংবাদ — অসম বাৰ্তা, বাতৰি সংবাদ — অসম বাৰ্তা, বাতৰি সংবাদ — অসম বাৰ্তা, বাতৰি সংবাদ — অসম বাৰ্তা, বাতৰি সংবাদ — অসম বাৰ্তা, বাতৰি সংবাদ — অসম বাৰ্তা, বাতৰি সংবাদ — অসম বাৰ্তা, বাতৰি সংবাদ — অসম বাৰ্তা, বাতৰি সংবাদ — অসম বাৰ্তা, বাতৰি সংবাদ — অসম বাৰ্তা, বাতৰি সংবাদ — অসম বাৰ্তা, বাতৰি সংবাদ — অসম বাৰ্তা, বাতৰি সংবাদ — অসম বাৰ্তা, বাতৰি সংবাদ — অসম বাৰ্তা, বাতৰি সংবাদ — অসম বাৰ্তা, বাতৰি সংবাদ — অসম বাৰ্তা, বাতৰি সংবাদ — অসম বাৰ্তা, বাতৰি সংবাদ — অসম বাৰ্তা, বাতৰি সংবাদ — অসম বাৰ্তা, বাতৰি সংবাদ — অসম বাৰ্তা, বাতৰি সংবাদ — অসম বাৰ্তা, বাতৰি সংবাদ — অসম বাৰ্তা, বাতৰি সংবাদ — অসম বাৰ্তা, বাতৰি সংবাদ — অসম বাৰ্তা, বাতৰি সংবাদ — অসম বাৰ্তা, বাতৰি সংবাদ — অসম বাৰ্তা, বাতৰি সংবাদ — অসম বাৰ্তা, বাতৰি সংবাদ — অসম বাৰ্তা, বাতৰি সংবাদ — অসম বাৰ্তা, বাতৰি সংবাদ — অসম বাৰ্তা, বাতৰি সংবাদ — অসম বাৰ্তা, বাতৰি সংবাদ — অসম বাৰ্তা, বাতৰি সংবাদ — অসম বাৰ্তা, বাতৰি সংবাদ
বাজাৰ
ৰবিকান্তাডত মাণী পুৰীশৰ জিৰাপন
অসম বাৰ্তা, বাতৰি সংবাদ — অসম বাৰ্তা, বাতৰি সংবাদ — অসম বাৰ্তা, বাতৰি সংবাদ — অসম বাৰ্তা, বাতৰি সংবাদ — অসম বাৰ্তা, বাতৰি সংবাদ — অসম বাৰ্তা, বাতৰি সংবাদ — অসম বাৰ্তা, বাতৰি সংবাদ — অসম বাৰ্তা, বাতৰি সংবাদ — অসম বাৰ্তা, বাতৰি সংবাদ — অসম বাৰ্তা, বাতৰি সংবাদ — অসম বাৰ্তা, বাতৰি সংবাদ — অসম বাৰ্তা, বাতৰি সংবাদ — অসম বাৰ্তা, বাতৰি সংবাদ — অসম বাৰ্তা, বাতৰি সংবাদ — অসম বাৰ্তা, বাতৰি সংবাদ — অসম বাৰ্তা, বাতৰি সংবাদ — অসম বাৰ্তা, বাতৰি সংবাদ — অসম বাৰ্তা, বাতৰি সংবাদ — অসম বাৰ্তা, বাতৰি সংবাদ — অসম বাৰ্তা, বাতৰি সংবাদ — অসম বাৰ্তা, বাতৰি সংবাদ — অসম বাৰ্তা, বাতৰি সংবাদ — অসম বাৰ্তা, বাতৰি সংবাদ — অসম বাৰ্তা, বাতৰি সংবাদ — অসম বাৰ্তা, বাতৰি সংবাদ — অসম বাৰ্তা, বাতৰি সংবাদ — অসম বাৰ্তা, বাতৰি সংবাদ — অসম বাৰ্তা, বাতৰি সংবাদ — অসম বাৰ্তা, বাতৰি সংবাদ — অসম বাৰ্তা, বাতৰি সংবাদ — অসম বাৰ্তা, বাতৰি সংবাদ — অসম বাৰ্তা, বাতৰি সংবাদ — অসম বাৰ্তা, বাতৰি সংবাদ — অসম বাৰ্তা, বাতৰি সংবাদ — অসম বাৰ্তা, বাতৰি সংবাদ — অসম বাৰ্তা, বাতৰি সংবাদ — অসম বাৰ্তা, বাতৰি সংবাদ — অসম বাৰ্তা, বাতৰি সংবাদ — অসম বাৰ্তা, বাতৰি সংবাদ — অসম বাৰ্তা, বাতৰি সংবাদ — অসম বাৰ্তা, বাতৰি সংবাদ — অসম বাৰ্তা, বাতৰি সংবাদ — অসম বাৰ্তা, বাতৰি সংবাদ — অসম বাৰ্তা, বাতৰি সংবাদ — অসম বাৰ্তা, বাতৰি সংবাদ — অসম বাৰ্তা, বাতৰি সংবাদ — অসম বাৰ্তা, বাতৰি সংবাদ — অসম বাৰ্তা, বাতৰি সংবাদ — অসম বাৰ্তা, বাতৰি সংবাদ — অসম বাৰ্তা, বাতৰি সংবাদ — অসম বাৰ্তা, বাতৰি সংবাদ — অসম বাৰ্তা, বাতৰি সংবাদ — অসম বাৰ্তা, বাতৰি সংবাদ — অসম বাৰ্তা, বাতৰি সংবাদ — অসম বাৰ্তা, বাতৰি সংবাদ — অসম বাৰ্তা, বাতৰি সংবাদ — অসম বাৰ্তা, বাতৰি সংবাদ — অসম বাৰ্তা, বাতৰি সংবাদ — অসম বাৰ্তা, বাতৰি সংবাদ — অসম বাৰ্তা, বাতৰি সংবাদ — অসম বাৰ্তা, বাতৰি সংবাদ — অসম বাৰ্তা, বাতৰি সংবাদ — অসম বাৰ্তা, বাতৰি সংবাদ — অসম বাৰ্তা, বাতৰি সংবাদ — অসম বাৰ্তা, বাতৰি সংবাদ — অসম বাৰ্তা, বাতৰি সংবাদ — অসম বাৰ্তা, বাতৰি সংবাদ — অসম বাৰ্তা, বাতৰি সংবাদ — অসম বাৰ্তা, বাতৰি সংবাদ — অসম বাৰ্তা, বাতৰি সংবাদ — অসম বাৰ্তা, বাতৰি সংবাদ — অসম বাৰ্তা, বাতৰি সংবাদ — অসম বাৰ্তা, বাতৰি সংবাদ — অসম বাৰ্তা, বাতৰি সংবাদ — অসম বাৰ্তা, বাতৰি সংবাদ — অসম বাৰ্তা, বাতৰি সংবাদ — অসম বাৰ্তা, বাতৰি সংবাদ — অসম বাৰ্তা, বাতৰি সংবাদ — অসম বাৰ্তা, বাতৰি সংবাদ — অসম বাৰ্তা, বাতৰি সংবাদ — অসম বাৰ্তা, বাতৰি সংবাদ — অসম বাৰ্তা, বাতৰি সংবাদ — অসম বাৰ্তা, বাতৰি সংবাদ — অসম বাৰ্তা, বাতৰি সংবাদ — অসম বাৰ্তা, বাতৰি সংবাদ — অসম বাৰ্তা, বাতৰি সংবাদ — অসম বাৰ্তা, বাতৰি সংবাদ — অসম বাৰ্তা, বাতৰি সংবাদ — অসম বাৰ্তা, বাতৰি সংবাদ — অসম বাৰ্তা, বাতৰি সংবাদ — অসম বাৰ্তা, বাতৰি সংবাদ — অসম বাৰ্তা, বাতৰি সংবাদ — অসম বাৰ্তা, বাতৰি সংবাদ — অসম বাৰ্তা, বাতৰি সংবাদ — অসম বাৰ্তা, বাতৰি সংবাদ — অসম বাৰ্তা, বাতৰি সংবাদ — অসম বাৰ্তা, বাতৰি সংবাদ — অসম বাৰ্তা, বাতৰি সংবাদ — অসম বাৰ্তা, বাতৰি সংবাদ — অসম বাৰ্তা, বাতৰি সংবাদ — অসম বাৰ্তা, বাতৰি সংবাদ — অসম বাৰ্তা, বাতৰি সংবাদ — অসম বাৰ্তা, বাতৰি সংবাদ — অসম বাৰ্তা, বাতৰি সংবাদ — অসম বাৰ্তা, বাতৰি সংবাদ — অসম বাৰ্তা, বাতৰি সংবাদ — অসম বাৰ্তা, বাতৰি সংবাদ — অসম বাৰ্তা, বাতৰি সংবাদ — অসম বাৰ্তা, বাতৰি সংবাদ — অসম বাৰ্তা, বাতৰি সংবাদ — অসম বাৰ্তা, বাতৰি সংবাদ
কুলশীৰ স্বচ্ছতা মূলক অভিযান
অসম বাৰ্তা, বাতৰি সংবাদ — অসম বাৰ্তা, বাতৰি সংবাদ — অসম বাৰ্তা, বাতৰি সংবাদ — অসম বাৰ্তা, বাতৰি সংবাদ — অসম বাৰ্তা, বাতৰি সংবাদ — অসম বাৰ্তা, বাতৰি সংবাদ — অসম বাৰ্তা, বাতৰি সংবাদ — অসম বাৰ্তা, বাতৰি সংবাদ — অসম বাৰ্তা, বাতৰি সংবাদ — অসম বাৰ্তা, বাতৰি সংবাদ — অসম বাৰ্তা, বাতৰি সংবাদ — অসম বাৰ্তা, বাতৰি সংবাদ — অসম বাৰ্তা, বাতৰি সংবাদ — অসম বাৰ্তা, বাতৰি সংবাদ — অসম বাৰ্তা, বাতৰি সংবাদ — অসম বাৰ্তা, বাতৰি সংবাদ — অসম বাৰ্তা, বাতৰি সংবাদ — অসম বাৰ্তা, বাতৰি সংবাদ — অসম বাৰ্তা, বাতৰি সংবাদ — অসম বাৰ্তা, বাতৰি সংবাদ — অসম বাৰ্তা, বাতৰি সংবাদ — অসম বাৰ্তা, বাতৰি সংবাদ — অসম বাৰ্তা, বাতৰি সংবাদ — অসম বাৰ্তা, বাতৰি সংবাদ — অসম বাৰ্তা, বাতৰি সংবাদ — অসম বাৰ্তা, বাতৰি সংবাদ — অসম বাৰ্তা, বাতৰি সংবাদ — অসম বাৰ্তা, বাতৰি সংবাদ — অসম বাৰ্তা, বাতৰি সংবাদ — অসম বাৰ্তা, বাতৰি সংবাদ — অসম বাৰ্তা, বাতৰি সংবাদ — অসম বাৰ্তা, বাতৰি সংবাদ — অসম বাৰ্তা, বাতৰি সংবাদ — অসম বাৰ্তা, বাতৰি সংবাদ — অসম বাৰ্তা, বাতৰি সংবাদ — অসম বাৰ্তা, বাতৰি সংবাদ — অসম বাৰ্তা, বাতৰি সংবাদ — অসম বাৰ্তা, বাতৰি সংবাদ — অসম বাৰ্তা, বাতৰি সংবাদ — অসম বাৰ্তা, বাতৰি সংবাদ — অসম বাৰ্তা, বাতৰি সংবাদ — অসম বাৰ্তা, বাতৰি সংবাদ — অসম বাৰ্তা, বাতৰি সংবাদ — অসম বাৰ্তা, বাতৰি সংবাদ — অসম বাৰ্তা, বাতৰি সংবাদ — অসম বাৰ্তা, বাতৰি সংবাদ — অসম বাৰ্তা, বাতৰি সংবাদ — অসম বাৰ্তা, বাতৰি সংবাদ — অসম বাৰ্তা, বাতৰি সংবাদ — অসম বাৰ্তা, বাতৰি সংবাদ — অসম বাৰ্তা, বাতৰি সংবাদ — অসম বাৰ্তা, বাতৰি সংবাদ — অসম বাৰ্তা, বাতৰি সংবাদ — অসম বাৰ্তা, বাতৰি সংবাদ — অসম বাৰ্তা, বাতৰি সংবাদ — অসম বাৰ্তা, বাতৰি সংবাদ — অসম বাৰ্তা, বাতৰি সংবাদ — অসম বাৰ্তা, বাতৰি সংবাদ — অসম বাৰ্তা, বাতৰি সংবাদ — অসম বাৰ্তা, বাতৰি সংবাদ — অসম বাৰ্তা, বাতৰি সংবাদ — অসম বাৰ্তা, বাতৰি সংবাদ — অসম বাৰ্তা, বাতৰি সংবাদ — অসম বাৰ্তা, বাতৰি সংবাদ — অসম বাৰ্তা, বাতৰি সংবাদ — অসম বাৰ্তা, বাতৰি সংবাদ — অসম বাৰ্তা, বাতৰি সংবাদ — অসম বাৰ্তা, বাতৰি সংবাদ — অসম বাৰ্তা, বাতৰি সংবাদ — অসম বাৰ্তা, বাতৰি সংবাদ — অসম বাৰ্তা, বাতৰি সংবাদ — অসম বাৰ্তা, বাতৰি সংবাদ — অসম বাৰ্তা, বাতৰি সংবাদ — অসম বাৰ্তা, বাতৰি সংবাদ — অসম বাৰ্তা, বাতৰি সংবাদ — অসম বাৰ্তা, বাতৰি সংবাদ — অসম বাৰ্তা, বাতৰি সংবাদ — অসম বাৰ্তা, বাতৰি সংবাদ — অসম বাৰ্তা, বাতৰি সংবাদ — অসম বাৰ্তা, বাতৰি সংবাদ — অসম বাৰ্তা, বাতৰি সংবাদ — অসম বাৰ্তা, বাতৰি সংবাদ — অসম বাৰ্তা, বাতৰি সংবাদ — অসম বাৰ্তা, বাতৰি সংবাদ — অসম বাৰ্তা, বাতৰি সংবাদ — অসম বাৰ্তা, বাতৰি সংবাদ — অসম বাৰ্তা, বাতৰি সংবাদ — অসম বাৰ্তা, বাতৰি সংবাদ — অসম বাৰ্তা, বাতৰি সংবাদ — অসম বাৰ্তা, বাতৰি সংবাদ — অসম বাৰ্তা, বাতৰি সংবাদ — অসম বাৰ্তা, বাতৰি সংবাদ — অসম বাৰ্তা, বাতৰি সংবাদ — অসম বাৰ্তা, বাতৰি সংবাদ — অসম বাৰ্তা, বাতৰি সংবাদ — অসম বাৰ্তা, বাতৰি সংবাদ — অসম বাৰ্তা, বাতৰি সংবাদ — অসম বাৰ্তা, বাতৰি সংবাদ — অসম বাৰ্তা, বাতৰি সংবাদ — অসম বাৰ্তা, বাতৰি সংবাদ — অসম বাৰ্তা, বাতৰি সংবাদ — অসম বাৰ্তা, বাতৰি সংবাদ — অসম বাৰ্তা, বাতৰি সংবাদ — অসম বাৰ্তা, বাতৰি সংবাদ — অসম বাৰ্তা, বাতৰি সংবাদ — অসম বাৰ্তা, বাতৰি সংবাদ — অসম বাৰ্তা, বাতৰি সংবাদ — অসম বাৰ্তা, বাতৰি সংবাদ — অসম বাৰ্তা, বাতৰি সংবাদ — অসম বাৰ্তা, বাতৰি সংবাদ — অসম বাৰ্তা, বাতৰি সংবাদ
অগ্নিদগ্ধ হৈ নাট্যকৰ্মী, নাট পৰিচালক জয়ন্ত দত্ত ডিব্ৰুগড়ত চিকিৎসাধীন
অসম বাৰ্তা, বাতৰি সংবাদ — অসম বাৰ্তা, বাতৰি সংবাদ — অসম বাৰ্তা, বাতৰি সংবাদ — অসম বাৰ্তা, বাতৰি সংবাদ — অসম বাৰ্তা, বাতৰি সংবাদ — অসম বাৰ্তা, বাতৰি সংবাদ — অসম বাৰ্তা, বাতৰি সংবাদ — অসম বাৰ্তা, বাতৰি সংবাদ — অসম বাৰ্তা, বাতৰি সংবাদ — অসম বাৰ্তা, বাতৰি সংবাদ — অসম বাৰ্তা, বাতৰি সংবাদ — অসম বাৰ্তা, বাতৰি সংবাদ — অসম বাৰ্তা, বাতৰি সংবাদ — অসম বাৰ্তা, বাতৰি সংবাদ — অসম বাৰ্তা, বাতৰি সংবাদ — অসম বাৰ্তা, বাতৰি সংবাদ — অসম বাৰ্তা, বাতৰি সংবাদ — অসম বাৰ্তা, বাতৰি সংবাদ — অসম বাৰ্তা, বাতৰি সংবাদ — অসম বাৰ্তা, বাতৰি সংবাদ — অসম বাৰ্তা, বাতৰি সংবাদ — অসম বাৰ্তা, বাতৰি সংবাদ — অসম বাৰ্তা, বাতৰি সংবাদ — অসম বাৰ্তা, বাতৰি সংবাদ — অসম বাৰ্তা, বাতৰি সংবাদ — অসম বাৰ্তা, বাতৰি সংবাদ — অসম বাৰ্তা, বাতৰি সংবাদ — অসম বাৰ্তা, বাতৰি সংবাদ — অসম বাৰ্তা, বাতৰি সংবাদ — অসম বাৰ্তা, বাতৰি সংবাদ — অসম বাৰ্তা, বাতৰি সংবাদ — অসম বাৰ্তা, বাতৰি সংবাদ — অসম বাৰ্তা, বাতৰি সংবাদ — অসম বাৰ্তা, বাতৰি সংবাদ — অসম বাৰ্তা, বাতৰি সংবাদ — অসম বাৰ্তা, বাতৰি সংবাদ — অসম বাৰ্তা, বাতৰি সংবাদ — অসম বাৰ্তা, বাতৰি সংবাদ — অসম বাৰ্তা, বাতৰি সংবাদ — অসম বাৰ্তা, বাতৰি সংবাদ — অসম বাৰ্তা, বাতৰি সংবাদ — অসম বাৰ্তা, বাতৰি সংবাদ — অসম বাৰ্তা, বাতৰি সংবাদ — অসম বাৰ্তা, বাতৰি সংবাদ — অসম বাৰ্তা, বাতৰি সংবাদ — অসম বাৰ্তা, বাতৰি সংবাদ — অসম বাৰ্তা, বাতৰি সংবাদ — অসম বাৰ্তা, বাতৰি সংবাদ — অসম বাৰ্তা, বাতৰি সংবাদ — অসম বাৰ্তা, বাতৰি সংবাদ — অসম বাৰ্তা, বাতৰি সংবাদ — অসম বাৰ্তা, বাতৰি সংবাদ — অসম বাৰ্তা, বাতৰি সংবাদ — অসম বাৰ্তা, বাতৰি সংবাদ — অসম বাৰ্তা, বাতৰি সংবাদ — অসম বাৰ্তা, বাতৰি সংবাদ — অসম বাৰ্তা, বাতৰি সংবাদ — অসম বাৰ্তা, বাতৰি সংবাদ — অসম বাৰ্তা, বাতৰি সংবাদ — অসম বাৰ্তা, বাতৰি সংবাদ — অসম বাৰ্তা, বাতৰি সংবাদ — অসম বাৰ্তা, বাতৰি সংবাদ — অসম বাৰ্তা, বাতৰি সংবাদ — অসম বাৰ্তা, বাতৰি সংবাদ — অসম বাৰ্তা, বাতৰি সংবাদ — অসম বাৰ্তা, বাতৰি সংবাদ — অসম বাৰ্তা, বাতৰি সংবাদ — অসম বাৰ্তা, বাতৰি সংবাদ — অসম বাৰ্তা, বাতৰি সংবাদ — অসম বাৰ্তা, বাতৰি সংবাদ — অসম বাৰ্তা, বাতৰি সংবাদ — অসম বাৰ্তা, বাতৰি সংবাদ — অসম বাৰ্তা, বাতৰি সংবাদ — অসম বাৰ্তা, বাতৰি সংবাদ — অসম বাৰ্তা, বাতৰি সংবাদ — অসম বাৰ্তা, বাতৰি সংবাদ — অসম বাৰ্তা, বাতৰি সংবাদ — অসম বাৰ্তা, বাতৰি সংবাদ — অসম বাৰ্তা, বাতৰি সংবাদ — অসম বাৰ্তা, বাতৰি সংবাদ — অসম বাৰ্তা, বাতৰি সংবাদ — অসম বাৰ্তা, বাতৰি সংবাদ — অসম বাৰ্তা, বাতৰি সংবাদ — অসম বাৰ্তা, বাতৰি সংবাদ — অসম বাৰ্তা, বাতৰি সংবাদ — অসম বাৰ্তা, বাতৰি সংবাদ — অসম বাৰ্তা, বাতৰি সংবাদ — অসম বাৰ্তা, বাতৰি সংবাদ — অসম বাৰ্তা, বাতৰি সংবাদ — অসম বাৰ্তা, বাতৰি সংবাদ — অসম বাৰ্তা, বাতৰি সংবাদ — অসম বাৰ্তা, বাতৰি সংবাদ — অসম বাৰ্তা, বাতৰি সংবাদ — অসম বাৰ্তা, বাতৰি সংবাদ — অসম বাৰ্তা, বাতৰি সংবাদ — অসম বাৰ্তা, বাতৰি সংবাদ — অসম বাৰ্তা, বাতৰি সংবাদ — অসম বাৰ্তা, বাতৰি সংবাদ — অসম বাৰ্তা, বাতৰি সংবাদ — অসম বাৰ্তা, বাতৰি সংবাদ — অসম বাৰ্তা, বাতৰি সংবাদ — অসম বাৰ্তা, বাতৰি সংবাদ — অসম বাৰ্তা, বাতৰি সংবাদ — অসম বাৰ্তা, বাতৰি সংবাদ — অসম বাৰ্তা, বাতৰি সংবাদ — অসম বাৰ্তা, বাতৰি সংবাদ — অসম বাৰ্তা, বাতৰি সংবাদ — অসম বাৰ্তা, বাতৰি সংবাদ — অসম বাৰ্তা, বাতৰি সংবাদ — অসম বাৰ্তা, বাতৰি সংবাদ — অসম বাৰ্তা, বাতৰি সংবাদ
সানেকুছি ওজাতোলাত অনুষ্ঠিত হৈছে উক্ত মাংগলিক নিলাম প্ৰক্ৰিয়া
৫৩ হেজাৰ এক টকাত নিলাম হৈছে অসমীয়াৰ স্বাভিমান গামোছা
